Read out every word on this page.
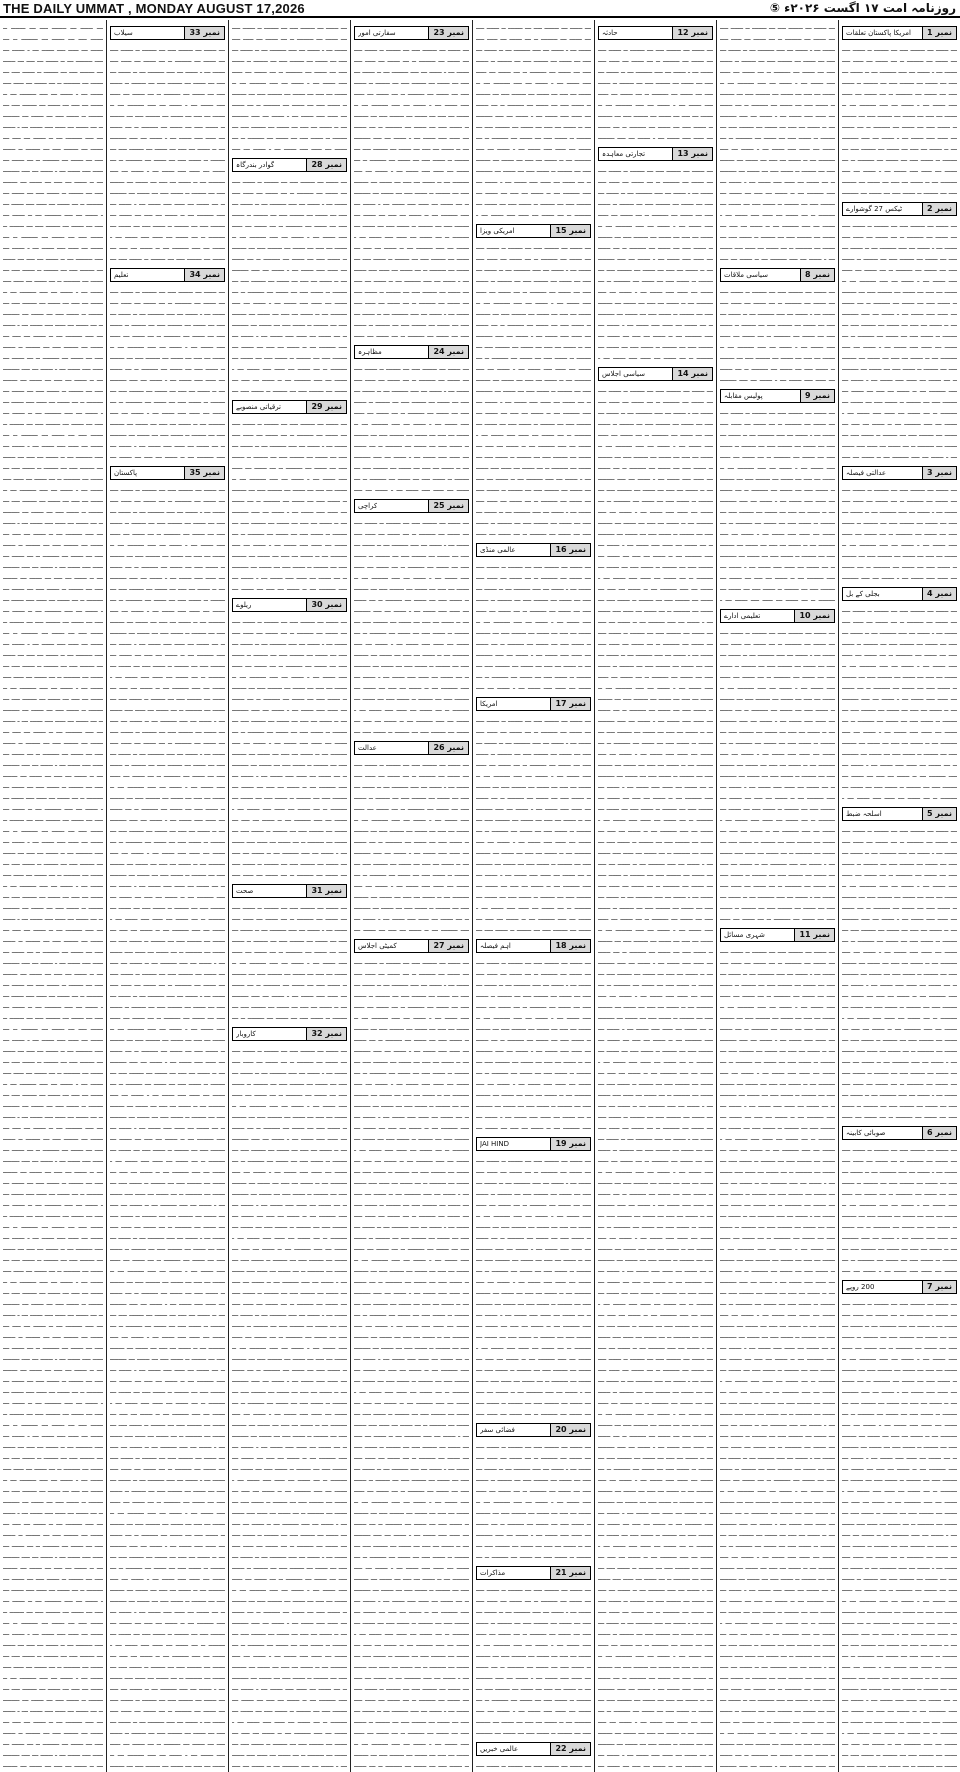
THE DAILY UMMAT , MONDAY AUGUST 17,2026	روزنامہ امت ۱۷ اگست ۲۰۲۶ء ⑤
نمبر 1
امریکا پاکستان تعلقات
ـــ ــــــ ـــ ـــــــ ــــ ـــ ـــــــ ــ ــــــ ــــ ـــ ــــــ ـــ ــــــــ ــ ـــ ــــــ ـــ ـــــ ــــ ــــــ ـــ ـ ــــــ ـــ ــــ ــــــــ ـــ ــ ــــــ ـــ ــــ ـــ ــــــ ـــ ـــــــ ــــ ـــ ـــــــ ــ ــــــ ــــ ـــ ــــــ ـــ ــــــــ ــ ـــ ــــــ ـــ ـــــ ــــ ــــــ ـــ ـ ــــــ ـــ ــــ ــــــــ ـــ ــ ــــــ ـــ ــــ ـــ ــــــ ـــ ـــــــ ــــ ـــ ـــــــ ــ ــــــ ــــ ـــ ــــــ ـــ ــــــــ ــ ـــ ــــــ ـــ ـــــ ــــ ــــــ ـــ ـ ــــــ ـــ ــــ ــــــــ ـــ ــ ــــــ ـــ ــــ ـــ ــــــ ـــ ـــــــ ــــ ـــ ـــــــ ــ ــــــ ــــ ـــ ــــــ ـــ ــــــــ ــ ـــ ــــــ ـــ ـــــ ــــ ــــــ ـــ ـ ــــــ ـــ ــــ ــــــــ ـــ ــ ــــــ ـــ ــــ ـــ ــــــ ـــ ـــــــ ــــ ـــ ـــــــ ــ ــــــ ــــ ـــ ــــــ ـــ ــــــــ
نمبر 2
ٹیکس 27 گوشوارے
ـــ ــــــ ـــ ـــــــ ــــ ـــ ـــــــ ــ ــــــ ــــ ـــ ــــــ ـــ ــــــــ ــ ـــ ــــــ ـــ ـــــ ــــ ــــــ ـــ ـ ــــــ ـــ ــــ ــــــــ ـــ ــ ــــــ ـــ ــــ ـــ ــــــ ـــ ـــــــ ــــ ـــ ـــــــ ــ ــــــ ــــ ـــ ــــــ ـــ ــــــــ ــ ـــ ــــــ ـــ ـــــ ــــ ــــــ ـــ ـ ــــــ ـــ ــــ ــــــــ ـــ ــ ــــــ ـــ ــــ ـــ ــــــ ـــ ـــــــ ــــ ـــ ـــــــ ــ ــــــ ــــ ـــ ــــــ ـــ ــــــــ ــ ـــ ــــــ ـــ ـــــ ــــ ــــــ ـــ ـ ــــــ ـــ ــــ ــــــــ ـــ ــ ــــــ ـــ ــــ ـــ ــــــ ـــ ـــــــ ــــ ـــ ـــــــ ــ ــــــ ــــ ـــ ــــــ ـــ ــــــــ ــ ـــ ــــــ ـــ ـــــ ــــ ــــــ ـــ ـ ــــــ ـــ ــــ ــــــــ ـــ ــ ــــــ ـــ ــــ ـــ ــــــ ـــ ـــــــ ــــ ـــ ـــــــ ــ ــــــ ــــ ـــ ــــــ ـــ ــــــــ ــ ـــ ــــــ ـــ ـــــ ــــ ــــــ ـــ ـ ــــــ ـــ ــــ ــــــــ ـــ ــ ــــــ ـــ ــــ ـــ ــــــ ـــ ـــــــ ــــ ـــ ـــــــ ــ ــــــ ــــ ـــ ــــــ ـــ ــــــــ ــ ـــ ــــــ ـــ ـــــ ــــ ــــــ ـــ ـ ــــــ ـــ ــــ ــــــــ ـــ ــ ــــــ ـــ ــــ ـــ ــــــ ـــ ـــــــ ــــ ـــ ـــــــ ــ ــــــ ــــ ـــ ــــــ ـــ ــــــــ ــ ـــ ــــــ ـــ ـــــ ــــ ــــــ ـــ ـ ــــــ ـــ ــــ ــــــــ ـــ ــ ــــــ ـــ ــــ
نمبر 3
عدالتی فیصلہ
ـــ ــــــ ـــ ـــــــ ــــ ـــ ـــــــ ــ ــــــ ــــ ـــ ــــــ ـــ ــــــــ ــ ـــ ــــــ ـــ ـــــ ــــ ــــــ ـــ ـ ــــــ ـــ ــــ ــــــــ ـــ ــ ــــــ ـــ ــــ ـــ ــــــ ـــ ـــــــ ــــ ـــ ـــــــ ــ ــــــ ــــ ـــ ــــــ ـــ ــــــــ ــ ـــ ــــــ ـــ ـــــ ــــ ــــــ ـــ ـ ــــــ ـــ ــــ ــــــــ ـــ ــ ــــــ ـــ ــــ ـــ ــــــ ـــ ـــــــ ــــ ـــ ـــــــ ــ ــــــ ــــ ـــ ــــــ ـــ ــــــــ ــ ـــ ــــــ ـــ ـــــ ــــ ــــــ ـــ ـ ــــــ ـــ ــــ ــــــــ
نمبر 4
بجلی کے بل
ـــ ــــــ ـــ ـــــــ ــــ ـــ ـــــــ ــ ــــــ ــــ ـــ ــــــ ـــ ــــــــ ــ ـــ ــــــ ـــ ـــــ ــــ ــــــ ـــ ـ ــــــ ـــ ــــ ــــــــ ـــ ــ ــــــ ـــ ــــ ـــ ــــــ ـــ ـــــــ ــــ ـــ ـــــــ ــ ــــــ ــــ ـــ ــــــ ـــ ــــــــ ــ ـــ ــــــ ـــ ـــــ ــــ ــــــ ـــ ـ ــــــ ـــ ــــ ــــــــ ـــ ــ ــــــ ـــ ــــ ـــ ــــــ ـــ ـــــــ ــــ ـــ ـــــــ ــ ــــــ ــــ ـــ ــــــ ـــ ــــــــ ــ ـــ ــــــ ـــ ـــــ ــــ ــــــ ـــ ـ ــــــ ـــ ــــ ــــــــ ـــ ــ ــــــ ـــ ــــ ـــ ــــــ ـــ ـــــــ ــــ ـــ ـــــــ ــ ــــــ ــــ ـــ ــــــ ـــ ــــــــ ــ ـــ ــــــ ـــ ـــــ ــــ ــــــ ـــ ـ ــــــ ـــ ــــ ــــــــ ـــ ــ ــــــ ـــ ــــ ـــ ــــــ ـــ ـــــــ ــــ ـــ ـــــــ ــ ــــــ ــــ ـــ ــــــ ـــ ــــــــ ــ ـــ ــــــ ـــ ـــــ ــــ ــــــ ـــ ـ ــــــ ـــ ــــ ــــــــ ـــ ــ ــــــ ـــ ــــ ـــ ــــــ ـــ ـــــــ ــــ ـــ ـــــــ ــ ــــــ ــــ ـــ ــــــ ـــ ــــــــ ــ ـــ ــــــ ـــ ـــــ ــــ ــــــ ـــ ـ
نمبر 5
اسلحہ ضبط
ـــ ــــــ ـــ ـــــــ ــــ ـــ ـــــــ ــ ــــــ ــــ ـــ ــــــ ـــ ــــــــ ــ ـــ ــــــ ـــ ـــــ ــــ ــــــ ـــ ـ ــــــ ـــ ــــ ــــــــ ـــ ــ ــــــ ـــ ــــ ـــ ــــــ ـــ ـــــــ ــــ ـــ ـــــــ ــ ــــــ ــــ ـــ ــــــ ـــ ــــــــ ــ ـــ ــــــ ـــ ـــــ ــــ ــــــ ـــ ـ ــــــ ـــ ــــ ــــــــ ـــ ــ ــــــ ـــ ــــ ـــ ــــــ ـــ ـــــــ ــــ ـــ ـــــــ ــ ــــــ ــــ ـــ ــــــ ـــ ــــــــ ــ ـــ ــــــ ـــ ـــــ ــــ ــــــ ـــ ـ ــــــ ـــ ــــ ــــــــ ـــ ــ ــــــ ـــ ــــ ـــ ــــــ ـــ ـــــــ ــــ ـــ ـــــــ ــ ــــــ ــــ ـــ ــــــ ـــ ــــــــ ــ ـــ ــــــ ـــ ـــــ ــــ ــــــ ـــ ـ ــــــ ـــ ــــ ــــــــ ـــ ــ ــــــ ـــ ــــ ـــ ــــــ ـــ ـــــــ ــــ ـــ ـــــــ ــ ــــــ ــــ ـــ ــــــ ـــ ــــــــ ــ ـــ ــــــ ـــ ـــــ ــــ ــــــ ـــ ـ ــــــ ـــ ــــ ــــــــ ـــ ــ ــــــ ـــ ــــ ـــ ــــــ ـــ ـــــــ ــــ ـــ ـــــــ ــ ــــــ ــــ ـــ ــــــ ـــ ــــــــ ــ ـــ ــــــ ـــ ـــــ ــــ ــــــ ـــ ـ ــــــ ـــ ــــ ــــــــ ـــ ــ ــــــ ـــ ــــ ـــ ــــــ ـــ ـــــــ ــــ ـــ ـــــــ ــ ــــــ ــــ ـــ ــــــ ـــ ــــــــ ــ ـــ ــــــ ـــ ـــــ ــــ ــــــ ـــ ـ ــــــ ـــ ــــ ــــــــ ـــ ــ ــــــ ـــ ــــ ـــ ــــــ ـــ ـــــــ ــــ ـــ ـــــــ ــ ــــــ ــــ ـــ ــــــ ـــ ــــــــ ــ ـــ ــــــ ـــ ـــــ ــــ ــــــ ـــ ـ ــــــ ـــ ــــ ــــــــ ـــ ــ ــــــ ـــ ــــ ـــ ــــــ ـــ ـــــــ ــــ ـــ ـــــــ ــ ــــــ ــــ ـــ ــــــ ـــ ــــــــ ــ ـــ ــــــ ـــ ـــــ
نمبر 6
صوبائی کابینہ
ـــ ــــــ ـــ ـــــــ ــــ ـــ ـــــــ ــ ــــــ ــــ ـــ ــــــ ـــ ــــــــ ــ ـــ ــــــ ـــ ـــــ ــــ ــــــ ـــ ـ ــــــ ـــ ــــ ــــــــ ـــ ــ ــــــ ـــ ــــ ـــ ــــــ ـــ ـــــــ ــــ ـــ ـــــــ ــ ــــــ ــــ ـــ ــــــ ـــ ــــــــ ــ ـــ ــــــ ـــ ـــــ ــــ ــــــ ـــ ـ ــــــ ـــ ــــ ــــــــ ـــ ــ ــــــ ـــ ــــ ـــ ــــــ ـــ ـــــــ ــــ ـــ ـــــــ ــ ــــــ ــــ ـــ ــــــ ـــ ــــــــ ــ ـــ ــــــ ـــ ـــــ ــــ ــــــ ـــ ـ ــــــ ـــ ــــ ــــــــ ـــ ــ ــــــ ـــ ــــ ـــ ــــــ ـــ ـــــــ ــــ ـــ ـــــــ ــ ــــــ ــــ ـــ ــــــ ـــ ــــــــ ــ ـــ ــــــ ـــ ـــــ ــــ ــــــ ـــ ـ ــــــ ـــ ــــ
نمبر 7
200 روپے
ـــ ــــــ ـــ ـــــــ ــــ ـــ ـــــــ ــ ــــــ ــــ ـــ ــــــ ـــ ــــــــ ــ ـــ ــــــ ـــ ـــــ ــــ ــــــ ـــ ـ ــــــ ـــ ــــ ــــــــ ـــ ــ ــــــ ـــ ــــ ـــ ــــــ ـــ ـــــــ ــــ ـــ ـــــــ ــ ــــــ ــــ ـــ ــــــ ـــ ــــــــ ــ ـــ ــــــ ـــ ـــــ ــــ ــــــ ـــ ـ ــــــ ـــ ــــ ــــــــ ـــ ــ ــــــ ـــ ــــ ـــ ــــــ ـــ ـــــــ ــــ ـــ ـــــــ ــ ــــــ ــــ ـــ ــــــ ـــ ــــــــ ــ ـــ ــــــ ـــ ـــــ ــــ ــــــ ـــ ـ ــــــ ـــ ــــ ــــــــ ـــ ــ ــــــ ـــ ــــ ـــ ــــــ ـــ ـــــــ ــــ ـــ ـــــــ ــ ــــــ ــــ ـــ ــــــ ـــ ــــــــ ــ ـــ ــــــ ـــ ـــــ ــــ ــــــ ـــ ـ ــــــ ـــ ــــ ــــــــ ـــ ــ ــــــ ـــ ــــ ـــ ــــــ ـــ ـــــــ ــــ ـــ ـــــــ ــ ــــــ ــــ ـــ ــــــ ـــ ــــــــ ــ ـــ ــــــ ـــ ـــــ ــــ ــــــ ـــ ـ ــــــ ـــ ــــ ــــــــ ـــ ــ ــــــ ـــ ــــ ـــ ــــــ ـــ ـــــــ ــــ ـــ ـــــــ ــ ــــــ ــــ ـــ ــــــ ـــ ــــــــ ــ ـــ ــــــ ـــ ـــــ ــــ ــــــ ـــ ـ ــــــ ـــ ــــ ــــــــ ـــ ــ ــــــ ـــ ــــ ـــ ــــــ ـــ ـــــــ ــــ ـــ ـــــــ ــ ــــــ ــــ ـــ ــــــ ـــ ــــــــ ــ ـــ ــــــ ـــ ـــــ ــــ ــــــ ـــ ـ ــــــ ـــ ــــ ــــــــ ـــ ــ ــــــ ـــ ــــ ـــ ــــــ ـــ ـــــــ ــــ ـــ ـــــــ ــ ــــــ ــــ ـــ ــــــ ـــ ــــــــ ــ ـــ ــــــ ـــ ـــــ ــــ ــــــ ـــ ـ ــــــ ـــ ــــ ــــــــ ـــ ــ ــــــ ـــ ــــ ـــ ــــــ ـــ ـــــــ ــــ ـــ ـــــــ ــ ــــــ ــــ ـــ ــــــ ـــ ــــــــ ــ ـــ ــــــ ـــ ـــــ ــــ ــــــ ـــ ـ ــــــ ـــ ــــ ــــــــ ـــ ــ ــــــ ـــ ــــ ـــ ــــــ ـــ ـــــــ ــــ ـــ ـــــــ ــ ــــــ ــــ ـــ ــــــ ـــ ــــــــ ــ ـــ ــــــ ـــ ـــــ ــــ ــــــ ـــ ـ ــــــ ـــ ــــ ــــــــ ـــ ــ ــــــ ـــ ــــ ـــ ــــــ ـــ ـــــــ ــــ ـــ ـــــــ ــ ــــــ ــــ ـــ ــــــ ـــ ــــــــ ــ ـــ ــــــ ـــ ـــــ ــــ ــــــ ـــ ـ ــــــ ـــ ــــ ــــــــ ـــ ــ ــــــ ـــ ــــ ـــ ــــــ ـــ ـــــــ ــــ ـــ ـــــــ ــ ــــــ ــــ ـــ ــــــ ـــ ــــــــ ــ ـــ ــــــ ـــ ـــــ ــــ ــــــ ـــ ـ ــــــ ـــ ــــ ــــــــ ـــ ــ ــــــ ـــ ــــ ـــ ــــــ ـــ ـــــــ ــــ ـــ ـــــــ ــ ــــــ ــــ ـــ ــــــ ـــ ــــــــ ــ ـــ ــــــ ـــ ـــــ ــــ ــــــ ـــ ـ ــــــ ـــ ــــ ــــــــ ـــ ــ ــــــ ـــ ــــ ـــ ــــــ ـــ ـــــــ ــــ ـــ ـــــــ ــ ــــــ ــــ ـــ ــــــ ـــ ــــــــ ــ ـــ ــــــ ـــ ـــــ ــــ ــــــ
ـــ ــــــ ـــ ـــــــ ــــ ـــ ـــــــ ــ ــــــ ــــ ـــ ــــــ ـــ ــــــــ ــ ـــ ــــــ ـــ ـــــ ــــ ــــــ ـــ ـ ــــــ ـــ ــــ ــــــــ ـــ ــ ــــــ ـــ ــــ ـــ ــــــ ـــ ـــــــ ــــ ـــ ـــــــ ــ ــــــ ــــ ـــ ــــــ ـــ ــــــــ ــ ـــ ــــــ ـــ ـــــ ــــ ــــــ ـــ ـ ــــــ ـــ ــــ ــــــــ ـــ ــ ــــــ ـــ ــــ ـــ ــــــ ـــ ـــــــ ــــ ـــ ـــــــ ــ ــــــ ــــ ـــ ــــــ ـــ ــــــــ ــ ـــ ــــــ ـــ ـــــ ــــ ــــــ ـــ ـ ــــــ ـــ ــــ ــــــــ ـــ ــ ــــــ ـــ ــــ ـــ ــــــ ـــ ـــــــ ــــ ـــ ـــــــ ــ ــــــ ــــ ـــ ــــــ ـــ ــــــــ ــ ـــ ــــــ ـــ ـــــ ــــ ــــــ ـــ ـ ــــــ ـــ ــــ ــــــــ ـــ ــ ــــــ ـــ ــــ ـــ ــــــ ـــ ـــــــ ــــ ـــ ـــــــ ــ ــــــ ــــ ـــ ــــــ ـــ ــــــــ ــ ـــ ــــــ ـــ ـــــ ــــ ــــــ ـــ ـ ــــــ ـــ ــــ ــــــــ ـــ ــ ــــــ ـــ ــــ ـــ ــــــ ـــ ـــــــ ــــ ـــ ـــــــ ــ ــــــ ــــ ـــ ــــــ ـــ ــــــــ ــ ـــ ــــــ ـــ ـــــ ــــ ــــــ ـــ ـ ــــــ ـــ ــــ ــــــــ ـــ ــ ــــــ ـــ ــــ ـــ ــــــ ـــ ـــــــ ــــ ـــ ـــــــ ــ ــــــ ــــ ـــ ــــــ ـــ ــــــــ ــ ـــ ــــــ ـــ ـــــ ــــ ــــــ ـــ ـ ــــــ ـــ ــــ ــــــــ ـــ ــ ــــــ ـــ ــــ
نمبر 8
سیاسی ملاقات
ـــ ــــــ ـــ ـــــــ ــــ ـــ ـــــــ ــ ــــــ ــــ ـــ ــــــ ـــ ــــــــ ــ ـــ ــــــ ـــ ـــــ ــــ ــــــ ـــ ـ ــــــ ـــ ــــ ــــــــ ـــ ــ ــــــ ـــ ــــ ـــ ــــــ ـــ ـــــــ ــــ ـــ ـــــــ ــ ــــــ ــــ ـــ ــــــ ـــ ــــــــ ــ ـــ ــــــ ـــ ـــــ ــــ ــــــ ـــ ـ ــــــ ـــ ــــ ــــــــ ـــ ــ ــــــ ـــ ــــ ـــ ــــــ ـــ ـــــــ ــــ ـــ ـــــــ ــ ــــــ ــــ ـــ ــــــ ـــ ــــــــ ــ ـــ ــــــ ـــ ـــــ ــــ ــــــ ـــ ـ ــــــ ـــ ــــ ــــــــ
نمبر 9
پولیس مقابلہ
ـــ ــــــ ـــ ـــــــ ــــ ـــ ـــــــ ــ ــــــ ــــ ـــ ــــــ ـــ ــــــــ ــ ـــ ــــــ ـــ ـــــ ــــ ــــــ ـــ ـ ــــــ ـــ ــــ ــــــــ ـــ ــ ــــــ ـــ ــــ ـــ ــــــ ـــ ـــــــ ــــ ـــ ـــــــ ــ ــــــ ــــ ـــ ــــــ ـــ ــــــــ ــ ـــ ــــــ ـــ ـــــ ــــ ــــــ ـــ ـ ــــــ ـــ ــــ ــــــــ ـــ ــ ــــــ ـــ ــــ ـــ ــــــ ـــ ـــــــ ــــ ـــ ـــــــ ــ ــــــ ــــ ـــ ــــــ ـــ ــــــــ ــ ـــ ــــــ ـــ ـــــ ــــ ــــــ ـــ ـ ــــــ ـــ ــــ ــــــــ ـــ ــ ــــــ ـــ ــــ ـــ ــــــ ـــ ـــــــ ــــ ـــ ـــــــ ــ ــــــ ــــ ـــ ــــــ ـــ ــــــــ ــ ـــ ــــــ ـــ ـــــ ــــ ــــــ ـــ ـ ــــــ ـــ ــــ ــــــــ ـــ ــ ــــــ ـــ ــــ ـــ ــــــ ـــ ـــــــ ــــ ـــ ـــــــ ــ ــــــ ــــ ـــ ــــــ ـــ ــــــــ ــ ـــ ــــــ ـــ ـــــ ــــ ــــــ ـــ ـ ــــــ ـــ ــــ ــــــــ ـــ ــ ــــــ ـــ ــــ ـــ ــــــ ـــ ـــــــ ــــ ـــ ـــــــ ــ ــــــ ــــ ـــ ــــــ ـــ ــــــــ ــ ـــ ــــــ ـــ ـــــ ــــ ــــــ ـــ ـ
نمبر 10
تعلیمی ادارے
ـــ ــــــ ـــ ـــــــ ــــ ـــ ـــــــ ــ ــــــ ــــ ـــ ــــــ ـــ ــــــــ ــ ـــ ــــــ ـــ ـــــ ــــ ــــــ ـــ ـ ــــــ ـــ ــــ ــــــــ ـــ ــ ــــــ ـــ ــــ ـــ ــــــ ـــ ـــــــ ــــ ـــ ـــــــ ــ ــــــ ــــ ـــ ــــــ ـــ ــــــــ ــ ـــ ــــــ ـــ ـــــ ــــ ــــــ ـــ ـ ــــــ ـــ ــــ ــــــــ ـــ ــ ــــــ ـــ ــــ ـــ ــــــ ـــ ـــــــ ــــ ـــ ـــــــ ــ ــــــ ــــ ـــ ــــــ ـــ ــــــــ ــ ـــ ــــــ ـــ ـــــ ــــ ــــــ ـــ ـ ــــــ ـــ ــــ ــــــــ ـــ ــ ــــــ ـــ ــــ ـــ ــــــ ـــ ـــــــ ــــ ـــ ـــــــ ــ ــــــ ــــ ـــ ــــــ ـــ ــــــــ ــ ـــ ــــــ ـــ ـــــ ــــ ــــــ ـــ ـ ــــــ ـــ ــــ ــــــــ ـــ ــ ــــــ ـــ ــــ ـــ ــــــ ـــ ـــــــ ــــ ـــ ـــــــ ــ ــــــ ــــ ـــ ــــــ ـــ ــــــــ ــ ـــ ــــــ ـــ ـــــ ــــ ــــــ ـــ ـ ــــــ ـــ ــــ ــــــــ ـــ ــ ــــــ ـــ ــــ ـــ ــــــ ـــ ـــــــ ــــ ـــ ـــــــ ــ ــــــ ــــ ـــ ــــــ ـــ ــــــــ ــ ـــ ــــــ ـــ ـــــ ــــ ــــــ ـــ ـ ــــــ ـــ ــــ ــــــــ ـــ ــ ــــــ ـــ ــــ ـــ ــــــ ـــ ـــــــ ــــ ـــ ـــــــ ــ ــــــ ــــ ـــ ــــــ ـــ ــــــــ ــ ـــ ــــــ ـــ ـــــ ــــ ــــــ ـــ ـ ــــــ ـــ ــــ ــــــــ ـــ ــ ــــــ ـــ ــــ ـــ ــــــ ـــ ـــــــ ــــ ـــ ـــــــ ــ ــــــ ــــ ـــ ــــــ ـــ ــــــــ ــ ـــ ــــــ ـــ ـــــ ــــ ــــــ ـــ ـ ــــــ ـــ ــــ ــــــــ ـــ ــ ــــــ ـــ ــــ ـــ ــــــ ـــ ـــــــ ــــ ـــ ـــــــ ــ ــــــ ــــ ـــ ــــــ ـــ ــــــــ ــ ـــ ــــــ ـــ ـــــ
نمبر 11
شہری مسائل
ـــ ــــــ ـــ ـــــــ ــــ ـــ ـــــــ ــ ــــــ ــــ ـــ ــــــ ـــ ــــــــ ــ ـــ ــــــ ـــ ـــــ ــــ ــــــ ـــ ـ ــــــ ـــ ــــ ــــــــ ـــ ــ ــــــ ـــ ــــ ـــ ــــــ ـــ ـــــــ ــــ ـــ ـــــــ ــ ــــــ ــــ ـــ ــــــ ـــ ــــــــ ــ ـــ ــــــ ـــ ـــــ ــــ ــــــ ـــ ـ ــــــ ـــ ــــ ــــــــ ـــ ــ ــــــ ـــ ــــ ـــ ــــــ ـــ ـــــــ ــــ ـــ ـــــــ ــ ــــــ ــــ ـــ ــــــ ـــ ــــــــ ــ ـــ ــــــ ـــ ـــــ ــــ ــــــ ـــ ـ ــــــ ـــ ــــ ــــــــ ـــ ــ ــــــ ـــ ــــ ـــ ــــــ ـــ ـــــــ ــــ ـــ ـــــــ ــ ــــــ ــــ ـــ ــــــ ـــ ــــــــ ــ ـــ ــــــ ـــ ـــــ ــــ ــــــ ـــ ـ ــــــ ـــ ــــ ــــــــ ـــ ــ ــــــ ـــ ــــ ـــ ــــــ ـــ ـــــــ ــــ ـــ ـــــــ ــ ــــــ ــــ ـــ ــــــ ـــ ــــــــ ــ ـــ ــــــ ـــ ـــــ ــــ ــــــ ـــ ـ ــــــ ـــ ــــ ــــــــ ـــ ــ ــــــ ـــ ــــ ـــ ــــــ ـــ ـــــــ ــــ ـــ ـــــــ ــ ــــــ ــــ ـــ ــــــ ـــ ــــــــ ــ ـــ ــــــ ـــ ـــــ ــــ ــــــ ـــ ـ ــــــ ـــ ــــ ــــــــ ـــ ــ ــــــ ـــ ــــ ـــ ــــــ ـــ ـــــــ ــــ ـــ ـــــــ ــ ــــــ ــــ ـــ ــــــ ـــ ــــــــ ــ ـــ ــــــ ـــ ـــــ ــــ ــــــ ـــ ـ ــــــ ـــ ــــ ــــــــ ـــ ــ ــــــ ـــ ــــ ـــ ــــــ ـــ ـــــــ ــــ ـــ ـــــــ ــ ــــــ ــــ ـــ ــــــ ـــ ــــــــ ــ ـــ ــــــ ـــ ـــــ ــــ ــــــ ـــ ـ ــــــ ـــ ــــ ــــــــ ـــ ــ ــــــ ـــ ــــ ـــ ــــــ ـــ ـــــــ ــــ ـــ ـــــــ ــ ــــــ ــــ ـــ ــــــ ـــ ــــــــ ــ ـــ ــــــ ـــ ـــــ ــــ ــــــ ـــ ـ ــــــ ـــ ــــ ــــــــ ـــ ــ ــــــ ـــ ــــ ـــ ــــــ ـــ ـــــــ ــــ ـــ ـــــــ ــ ــــــ ــــ ـــ ــــــ ـــ ــــــــ ــ ـــ ــــــ ـــ ـــــ ــــ ــــــ ـــ ـ ــــــ ـــ ــــ ــــــــ ـــ ــ ــــــ ـــ ــــ ـــ ــــــ ـــ ـــــــ ــــ ـــ ـــــــ ــ ــــــ ــــ ـــ ــــــ ـــ ــــــــ ــ ـــ ــــــ ـــ ـــــ ــــ ــــــ ـــ ـ ــــــ ـــ ــــ ــــــــ ـــ ــ ــــــ ـــ ــــ ـــ ــــــ ـــ ـــــــ ــــ ـــ ـــــــ ــ ــــــ ــــ ـــ ــــــ ـــ ــــــــ ــ ـــ ــــــ ـــ ـــــ ــــ ــــــ ـــ ـ ــــــ ـــ ــــ ــــــــ ـــ ــ ــــــ ـــ ــــ ـــ ــــــ ـــ ـــــــ ــــ ـــ ـــــــ ــ ــــــ ــــ ـــ ــــــ ـــ ــــــــ ــ ـــ ــــــ ـــ ـــــ ــــ ــــــ ـــ ـ ــــــ ـــ ــــ ــــــــ ـــ ــ ــــــ ـــ ــــ ـــ ــــــ ـــ ـــــــ ــــ ـــ ـــــــ ــ ــــــ ــــ ـــ ــــــ ـــ ــــــــ ــ ـــ ــــــ ـــ ـــــ ــــ ــــــ ـــ ـ ــــــ ـــ ــــ ــــــــ ـــ ــ ــــــ ـــ ــــ ـــ ــــــ ـــ ـــــــ ــــ ـــ ـــــــ ــ ــــــ ــــ ـــ ــــــ ـــ ــــــــ ــ ـــ ــــــ ـــ ـــــ ــــ ــــــ ـــ ـ ــــــ ـــ ــــ ــــــــ ـــ ــ ــــــ ـــ ــــ ـــ ــــــ ـــ ـــــــ ــــ ـــ ـــــــ ــ ــــــ ــــ ـــ ــــــ ـــ ــــــــ ــ ـــ ــــــ ـــ ـــــ ــــ ــــــ ـــ ـ ــــــ ـــ ــــ ــــــــ ـــ ــ ــــــ ـــ ــــ ـــ ــــــ ـــ ـــــــ ــــ ـــ ـــــــ ــ ــــــ ــــ ـــ ــــــ ـــ ــــــــ ــ ـــ ــــــ ـــ ـــــ ــــ ــــــ ـــ ـ ــــــ ـــ ــــ ــــــــ ـــ ــ ــــــ ـــ ــــ ـــ ــــــ ـــ ـــــــ ــــ ـــ ـــــــ ــ ــــــ ــــ ـــ ــــــ ـــ ــــــــ ــ ـــ ــــــ ـــ ـــــ ــــ ــــــ ـــ ـ ــــــ ـــ ــــ ــــــــ ـــ ــ ــــــ ـــ ــــ ـــ ــــــ ـــ ـــــــ ــــ ـــ ـــــــ ــ ــــــ ــــ ـــ ــــــ ـــ ــــــــ ــ ـــ ــــــ ـــ ـــــ ــــ ــــــ ـــ ـ ــــــ ـــ ــــ ــــــــ ـــ ــ ــــــ ـــ ــــ ـــ ــــــ ـــ ـــــــ ــــ ـــ ـــــــ ــ ــــــ ــــ ـــ ــــــ ـــ ــــــــ ــ ـــ ــــــ ـــ ـــــ ــــ ــــــ ـــ ـ ــــــ ـــ ــــ ــــــــ ـــ ــ ــــــ ـــ ــــ ـــ ــــــ ـــ ـــــــ ــــ ـــ ـــــــ ــ ــــــ ــــ ـــ ــــــ ـــ ــــــــ ــ ـــ ــــــ ـــ ـــــ ــــ ــــــ ـــ ـ ــــــ ـــ ــــ ــــــــ ـــ ــ ــــــ ـــ ــــ ـــ ــــــ ـــ ـــــــ ــــ ـــ ـــــــ ــ ــــــ ــــ ـــ ــــــ ـــ ــــــــ ــ ـــ ــــــ ـــ ـــــ ــــ ــــــ ـــ ـ ــــــ ـــ ــــ ــــــــ ـــ ــ ــــــ ـــ ــــ ـــ ــــــ ـــ ـــــــ ــــ ـــ ـــــــ ــ ــــــ ــــ ـــ ــــــ ـــ ــــــــ ــ ـــ ــــــ ـــ ـــــ ــــ ــــــ ـــ ـ ــــــ ـــ ــــ ــــــــ ـــ ــ ــــــ ـــ ــــ ـــ ــــــ ـــ ـــــــ ــــ ـــ ـــــــ ــ ــــــ ــــ ـــ ــــــ ـــ ــــــــ ــ ـــ ــــــ ـــ ـــــ ــــ ــــــ ـــ ـ ــــــ ـــ ــــ ــــــــ
نمبر 12
حادثہ
ـــ ــــــ ـــ ـــــــ ــــ ـــ ـــــــ ــ ــــــ ــــ ـــ ــــــ ـــ ــــــــ ــ ـــ ــــــ ـــ ـــــ ــــ ــــــ ـــ ـ ــــــ ـــ ــــ ــــــــ ـــ ــ ــــــ ـــ ــــ ـــ ــــــ ـــ ـــــــ ــــ ـــ ـــــــ ــ ــــــ ــــ ـــ ــــــ ـــ ــــــــ ــ ـــ ــــــ ـــ ـــــ ــــ ــــــ ـــ ـ ــــــ ـــ ــــ ــــــــ ـــ ــ ــــــ ـــ ــــ ـــ ــــــ ـــ ـــــــ ــــ ـــ ـــــــ ــ ــــــ ــــ ـــ ــــــ ـــ ــــــــ ــ ـــ ــــــ ـــ ـــــ ــــ ــــــ ـــ ـ ــــــ ـــ ــــ ــــــــ
نمبر 13
تجارتی معاہدہ
ـــ ــــــ ـــ ـــــــ ــــ ـــ ـــــــ ــ ــــــ ــــ ـــ ــــــ ـــ ــــــــ ــ ـــ ــــــ ـــ ـــــ ــــ ــــــ ـــ ـ ــــــ ـــ ــــ ــــــــ ـــ ــ ــــــ ـــ ــــ ـــ ــــــ ـــ ـــــــ ــــ ـــ ـــــــ ــ ــــــ ــــ ـــ ــــــ ـــ ــــــــ ــ ـــ ــــــ ـــ ـــــ ــــ ــــــ ـــ ـ ــــــ ـــ ــــ ــــــــ ـــ ــ ــــــ ـــ ــــ ـــ ــــــ ـــ ـــــــ ــــ ـــ ـــــــ ــ ــــــ ــــ ـــ ــــــ ـــ ــــــــ ــ ـــ ــــــ ـــ ـــــ ــــ ــــــ ـــ ـ ــــــ ـــ ــــ ــــــــ ـــ ــ ــــــ ـــ ــــ ـــ ــــــ ـــ ـــــــ ــــ ـــ ـــــــ ــ ــــــ ــــ ـــ ــــــ ـــ ــــــــ ــ ـــ ــــــ ـــ ـــــ ــــ ــــــ ـــ ـ ــــــ ـــ ــــ ــــــــ ـــ ــ ــــــ ـــ ــــ ـــ ــــــ ـــ ـــــــ ــــ ـــ ـــــــ ــ ــــــ ــــ ـــ ــــــ ـــ ــــــــ ــ ـــ ــــــ ـــ ـــــ ــــ ــــــ ـــ ـ ــــــ ـــ ــــ ــــــــ ـــ ــ ــــــ ـــ ــــ ـــ ــــــ ـــ ـــــــ ــــ ـــ ـــــــ ــ ــــــ ــــ ـــ ــــــ ـــ ــــــــ ــ ـــ ــــــ ـــ ـــــ ــــ ــــــ ـــ ـ
نمبر 14
سیاسی اجلاس
ـــ ــــــ ـــ ـــــــ ــــ ـــ ـــــــ ــ ــــــ ــــ ـــ ــــــ ـــ ــــــــ ــ ـــ ــــــ ـــ ـــــ ــــ ــــــ ـــ ـ ــــــ ـــ ــــ ــــــــ ـــ ــ ــــــ ـــ ــــ ـــ ــــــ ـــ ـــــــ ــــ ـــ ـــــــ ــ ــــــ ــــ ـــ ــــــ ـــ ــــــــ ــ ـــ ــــــ ـــ ـــــ ــــ ــــــ ـــ ـ ــــــ ـــ ــــ ــــــــ ـــ ــ ــــــ ـــ ــــ ـــ ــــــ ـــ ـــــــ ــــ ـــ ـــــــ ــ ــــــ ــــ ـــ ــــــ ـــ ــــــــ ــ ـــ ــــــ ـــ ـــــ ــــ ــــــ ـــ ـ ــــــ ـــ ــــ ــــــــ ـــ ــ ــــــ ـــ ــــ ـــ ــــــ ـــ ـــــــ ــــ ـــ ـــــــ ــ ــــــ ــــ ـــ ــــــ ـــ ــــــــ ــ ـــ ــــــ ـــ ـــــ ــــ ــــــ ـــ ـ ــــــ ـــ ــــ ــــــــ ـــ ــ ــــــ ـــ ــــ ـــ ــــــ ـــ ـــــــ ــــ ـــ ـــــــ ــ ــــــ ــــ ـــ ــــــ ـــ ــــــــ ــ ـــ ــــــ ـــ ـــــ ــــ ــــــ ـــ ـ ــــــ ـــ ــــ ــــــــ ـــ ــ ــــــ ـــ ــــ ـــ ــــــ ـــ ـــــــ ــــ ـــ ـــــــ ــ ــــــ ــــ ـــ ــــــ ـــ ــــــــ ــ ـــ ــــــ ـــ ـــــ ــــ ــــــ ـــ ـ ــــــ ـــ ــــ ــــــــ ـــ ــ ــــــ ـــ ــــ ـــ ــــــ ـــ ـــــــ ــــ ـــ ـــــــ ــ ــــــ ــــ ـــ ــــــ ـــ ــــــــ ــ ـــ ــــــ ـــ ـــــ ــــ ــــــ ـــ ـ ــــــ ـــ ــــ ــــــــ ـــ ــ ــــــ ـــ ــــ ـــ ــــــ ـــ ـــــــ ــــ ـــ ـــــــ ــ ــــــ ــــ ـــ ــــــ ـــ ــــــــ ــ ـــ ــــــ ـــ ـــــ ــــ ــــــ ـــ ـ ــــــ ـــ ــــ ــــــــ ـــ ــ ــــــ ـــ ــــ ـــ ــــــ ـــ ـــــــ ــــ ـــ ـــــــ ــ ــــــ ــــ ـــ ــــــ ـــ ــــــــ ــ ـــ ــــــ ـــ ـــــ ــــ ــــــ ـــ ـ ــــــ ـــ ــــ ــــــــ ـــ ــ ــــــ ـــ ــــ ـــ ــــــ ـــ ـــــــ ــــ ـــ ـــــــ ــ ــــــ ــــ ـــ ــــــ ـــ ــــــــ ــ ـــ ــــــ ـــ ـــــ ــــ ــــــ ـــ ـ ــــــ ـــ ــــ ــــــــ ـــ ــ ــــــ ـــ ــــ ـــ ــــــ ـــ ـــــــ ــــ ـــ ـــــــ ــ ــــــ ــــ ـــ ــــــ ـــ ــــــــ ــ ـــ ــــــ ـــ ـــــ ــــ ــــــ ـــ ـ ــــــ ـــ ــــ ــــــــ ـــ ــ ــــــ ـــ ــــ ـــ ــــــ ـــ ـــــــ ــــ ـــ ـــــــ ــ ــــــ ــــ ـــ ــــــ ـــ ــــــــ ــ ـــ ــــــ ـــ ـــــ ــــ ــــــ ـــ ـ ــــــ ـــ ــــ ــــــــ ـــ ــ ــــــ ـــ ــــ ـــ ــــــ ـــ ـــــــ ــــ ـــ ـــــــ ــ ــــــ ــــ ـــ ــــــ ـــ ــــــــ ــ ـــ ــــــ ـــ ـــــ ــــ ــــــ ـــ ـ ــــــ ـــ ــــ ــــــــ ـــ ــ ــــــ ـــ ــــ ـــ ــــــ ـــ ـــــــ ــــ ـــ ـــــــ ــ ــــــ ــــ ـــ ــــــ ـــ ــــــــ ــ ـــ ــــــ ـــ ـــــ ــــ ــــــ ـــ ـ ــــــ ـــ ــــ ــــــــ ـــ ــ ــــــ ـــ ــــ ـــ ــــــ ـــ ـــــــ ــــ ـــ ـــــــ ــ ــــــ ــــ ـــ ــــــ ـــ ــــــــ ــ ـــ ــــــ ـــ ـــــ ــــ ــــــ ـــ ـ ــــــ ـــ ــــ ــــــــ ـــ ــ ــــــ ـــ ــــ ـــ ــــــ ـــ ـــــــ ــــ ـــ ـــــــ ــ ــــــ ــــ ـــ ــــــ ـــ ــــــــ ــ ـــ ــــــ ـــ ـــــ ــــ ــــــ ـــ ـ ــــــ ـــ ــــ ــــــــ ـــ ــ ــــــ ـــ ــــ ـــ ــــــ ـــ ـــــــ ــــ ـــ ـــــــ ــ ــــــ ــــ ـــ ــــــ ـــ ــــــــ ــ ـــ ــــــ ـــ ـــــ ــــ ــــــ ـــ ـ ــــــ ـــ ــــ ــــــــ ـــ ــ ــــــ ـــ ــــ ـــ ــــــ ـــ ـــــــ ــــ ـــ ـــــــ ــ ــــــ ــــ ـــ ــــــ ـــ ــــــــ ــ ـــ ــــــ ـــ ـــــ ــــ ــــــ ـــ ـ ــــــ ـــ ــــ ــــــــ ـــ ــ ــــــ ـــ ــــ ـــ ــــــ ـــ ـــــــ ــــ ـــ ـــــــ ــ ــــــ ــــ ـــ ــــــ ـــ ــــــــ ــ ـــ ــــــ ـــ ـــــ ــــ ــــــ ـــ ـ ــــــ ـــ ــــ ــــــــ ـــ ــ ــــــ ـــ ــــ ـــ ــــــ ـــ ـــــــ ــــ ـــ ـــــــ ــ ــــــ ــــ ـــ ــــــ ـــ ــــــــ ــ ـــ ــــــ ـــ ـــــ ــــ ــــــ ـــ ـ ــــــ ـــ ــــ ــــــــ ـــ ــ ــــــ ـــ ــــ ـــ ــــــ ـــ ـــــــ ــــ ـــ ـــــــ ــ ــــــ ــــ ـــ ــــــ ـــ ــــــــ ــ ـــ ــــــ ـــ ـــــ ــــ ــــــ ـــ ـ ــــــ ـــ ــــ ــــــــ ـــ ــ ــــــ ـــ ــــ ـــ ــــــ ـــ ـــــــ ــــ ـــ ـــــــ ــ ــــــ ــــ ـــ ــــــ ـــ ــــــــ ــ ـــ ــــــ ـــ ـــــ ــــ ــــــ ـــ ـ ــــــ ـــ ــــ ــــــــ ـــ ــ ــــــ ـــ ــــ ـــ ــــــ ـــ ـــــــ ــــ ـــ ـــــــ ــ ــــــ ــــ ـــ ــــــ ـــ ــــــــ ــ ـــ ــــــ ـــ ـــــ ــــ ــــــ ـــ ـ ــــــ ـــ ــــ ــــــــ ـــ ــ ــــــ ـــ ــــ ـــ ــــــ ـــ ـــــــ ــــ ـــ ـــــــ ــ ــــــ ــــ ـــ ــــــ ـــ ــــــــ ــ ـــ ــــــ ـــ ـــــ ــــ ــــــ ـــ ـ ــــــ ـــ ــــ ــــــــ ـــ ــ ــــــ ـــ ــــ ـــ ــــــ ـــ ـــــــ ــــ ـــ ـــــــ ــ ــــــ ــــ ـــ ــــــ ـــ ــــــــ ــ ـــ ــــــ ـــ ـــــ ــــ ــــــ ـــ ـ ــــــ ـــ ــــ ــــــــ ـــ ــ ــــــ ـــ ــــ ـــ ــــــ ـــ ـــــــ ــــ ـــ ـــــــ ــ ــــــ ــــ ـــ ــــــ ـــ ــــــــ ــ ـــ ــــــ ـــ ـــــ ــــ ــــــ ـــ ـ ــــــ ـــ ــــ ــــــــ ـــ ــ ــــــ ـــ ــــ ـــ ــــــ ـــ ـــــــ ــــ ـــ ـــــــ ــ ــــــ ــــ ـــ ــــــ ـــ ــــــــ ــ ـــ ــــــ ـــ ـــــ ــــ ــــــ ـــ ـ ــــــ ـــ ــــ ــــــــ ـــ ــ ــــــ ـــ ــــ ـــ ــــــ ـــ ـــــــ ــــ ـــ ـــــــ ــ ــــــ ــــ ـــ ــــــ ـــ ــــــــ ــ ـــ ــــــ ـــ ـــــ ــــ ــــــ ـــ ـ ــــــ ـــ ــــ ــــــــ ـــ ــ ــــــ ـــ ــــ ـــ ــــــ ـــ ـــــــ ــــ ـــ ـــــــ ــ ــــــ ــــ ـــ ــــــ ـــ ــــــــ ــ ـــ ــــــ ـــ ـــــ ــــ ــــــ ـــ ـ ــــــ ـــ ــــ ــــــــ ـــ ــ ــــــ ـــ ــــ ـــ ــــــ ـــ ـــــــ ــــ ـــ ـــــــ ــ ــــــ ــــ ـــ ــــــ ـــ ــــــــ ــ ـــ ــــــ ـــ ـــــ ــــ ــــــ ـــ ـ ــــــ ـــ ــــ ــــــــ ـــ ــ ــــــ ـــ ــــ ـــ ــــــ ـــ ـــــــ ــــ ـــ ـــــــ ــ ــــــ ــــ ـــ ــــــ ـــ ــــــــ ــ ـــ ــــــ ـــ ـــــ ــــ ــــــ ـــ ـ ــــــ ـــ ــــ ــــــــ ـــ ــ ــــــ ـــ ــــ ـــ ــــــ ـــ ـــــــ ــــ ـــ ـــــــ ــ ــــــ ــــ ـــ ــــــ ـــ ــــــــ ــ ـــ ــــــ ـــ ـــــ ــــ ــــــ ـــ ـ ــــــ ـــ ــــ ــــــــ ـــ ــ ــــــ ـــ ــــ ـــ ــــــ ـــ ـــــــ ــــ ـــ ـــــــ ــ ــــــ ــــ ـــ ــــــ ـــ ــــــــ ــ ـــ ــــــ ـــ ـــــ ــــ ــــــ ـــ ـ ــــــ ـــ ــــ ــــــــ ـــ ــ ــــــ ـــ ــــ ـــ ــــــ ـــ ـــــــ ــــ ـــ ـــــــ ــ ــــــ ــــ ـــ ــــــ ـــ ــــــــ ــ ـــ ــــــ ـــ ـــــ ــــ ــــــ ـــ ـ ــــــ ـــ ــــ ــــــــ ـــ ــ ــــــ ـــ ــــ ـــ ــــــ ـــ ـــــــ ــــ ـــ ـــــــ ــ ــــــ ــــ ـــ ــــــ ـــ ــــــــ ــ ـــ ــــــ ـــ ـــــ ــــ ــــــ ـــ ـ ــــــ ـــ ــــ ــــــــ ـــ ــ ــــــ ـــ ــــ ـــ ــــــ ـــ ـــــــ ــــ ـــ ـــــــ ــ ــــــ ــــ ـــ ــــــ ـــ ــــــــ ــ ـــ ــــــ ـــ ـــــ ــــ ــــــ ـــ ـ ــــــ ـــ ــــ ــــــــ ـــ ــ ــــــ ـــ ــــ ـــ ــــــ ـــ ـــــــ ــــ ـــ ـــــــ ــ ــــــ ــــ ـــ ــــــ ـــ ــــــــ ــ ـــ ــــــ ـــ ـــــ ــــ ــــــ ـــ ـ ــــــ ـــ ــــ ــــــــ ـــ ــ ــــــ ـــ ــــ ـــ ــــــ ـــ ـــــــ ــــ ـــ ـــــــ ــ ــــــ ــــ ـــ ــــــ ـــ ــــــــ ــ ـــ ــــــ ـــ ـــــ ــــ ــــــ ـــ ـ ــــــ ـــ ــــ ــــــــ ـــ ــ ــــــ ـــ ــــ ـــ ــــــ ـــ ـــــــ ــــ ـــ ـــــــ ــ ــــــ ــــ ـــ ــــــ ـــ ــــــــ ــ ـــ ــــــ ـــ ـــــ ــــ ــــــ ـــ ـ ــــــ ـــ ــــ ــــــــ ـــ ــ ــــــ ـــ ــــ ـــ ــــــ ـــ ـــــــ ــــ ـــ ـــــــ ــ ــــــ ــــ ـــ ــــــ ـــ ــــــــ ــ ـــ ــــــ ـــ ـــــ ــــ ــــــ ـــ ـ ــــــ ـــ ــــ ــــــــ ـــ ــ ــــــ ـــ ــــ ـــ ــــــ ـــ
ـــ ــــــ ـــ ـــــــ ــــ ـــ ـــــــ ــ ــــــ ــــ ـــ ــــــ ـــ ــــــــ ــ ـــ ــــــ ـــ ـــــ ــــ ــــــ ـــ ـ ــــــ ـــ ــــ ــــــــ ـــ ــ ــــــ ـــ ــــ ـــ ــــــ ـــ ـــــــ ــــ ـــ ـــــــ ــ ــــــ ــــ ـــ ــــــ ـــ ــــــــ ــ ـــ ــــــ ـــ ـــــ ــــ ــــــ ـــ ـ ــــــ ـــ ــــ ــــــــ ـــ ــ ــــــ ـــ ــــ ـــ ــــــ ـــ ـــــــ ــــ ـــ ـــــــ ــ ــــــ ــــ ـــ ــــــ ـــ ــــــــ ــ ـــ ــــــ ـــ ـــــ ــــ ــــــ ـــ ـ ــــــ ـــ ــــ ــــــــ ـــ ــ ــــــ ـــ ــــ ـــ ــــــ ـــ ـــــــ ــــ ـــ ـــــــ ــ ــــــ ــــ ـــ ــــــ ـــ ــــــــ ــ ـــ ــــــ ـــ ـــــ ــــ ــــــ ـــ ـ ــــــ ـــ ــــ ــــــــ ـــ ــ ــــــ ـــ ــــ ـــ ــــــ ـــ ـــــــ ــــ ـــ ـــــــ ــ ــــــ ــــ ـــ ــــــ ـــ ــــــــ ــ ـــ ــــــ ـــ ـــــ ــــ ــــــ ـــ ـ ــــــ ـــ ــــ ــــــــ ـــ ــ ــــــ ـــ ــــ ـــ ــــــ ـــ ـــــــ ــــ ـــ ـــــــ ــ ــــــ ــــ ـــ ــــــ ـــ ــــــــ ــ ـــ ــــــ ـــ ـــــ ــــ ــــــ ـــ ـ
نمبر 15
امریکی ویزا
ـــ ــــــ ـــ ـــــــ ــــ ـــ ـــــــ ــ ــــــ ــــ ـــ ــــــ ـــ ــــــــ ــ ـــ ــــــ ـــ ـــــ ــــ ــــــ ـــ ـ ــــــ ـــ ــــ ــــــــ ـــ ــ ــــــ ـــ ــــ ـــ ــــــ ـــ ـــــــ ــــ ـــ ـــــــ ــ ــــــ ــــ ـــ ــــــ ـــ ــــــــ ــ ـــ ــــــ ـــ ـــــ ــــ ــــــ ـــ ـ ــــــ ـــ ــــ ــــــــ ـــ ــ ــــــ ـــ ــــ ـــ ــــــ ـــ ـــــــ ــــ ـــ ـــــــ ــ ــــــ ــــ ـــ ــــــ ـــ ــــــــ ــ ـــ ــــــ ـــ ـــــ ــــ ــــــ ـــ ـ ــــــ ـــ ــــ ــــــــ ـــ ــ ــــــ ـــ ــــ ـــ ــــــ ـــ ـــــــ ــــ ـــ ـــــــ ــ ــــــ ــــ ـــ ــــــ ـــ ــــــــ ــ ـــ ــــــ ـــ ـــــ ــــ ــــــ ـــ ـ ــــــ ـــ ــــ ــــــــ ـــ ــ ــــــ ـــ ــــ ـــ ــــــ ـــ ـــــــ ــــ ـــ ـــــــ ــ ــــــ ــــ ـــ ــــــ ـــ ــــــــ ــ ـــ ــــــ ـــ ـــــ ــــ ــــــ ـــ ـ ــــــ ـــ ــــ ــــــــ ـــ ــ ــــــ ـــ ــــ ـــ ــــــ ـــ ـــــــ ــــ ـــ ـــــــ ــ ــــــ ــــ ـــ ــــــ ـــ ــــــــ ــ ـــ ــــــ ـــ ـــــ ــــ ــــــ ـــ ـ ــــــ ـــ ــــ ــــــــ ـــ ــ ــــــ ـــ ــــ ـــ ــــــ ـــ ـــــــ ــــ ـــ ـــــــ ــ ــــــ ــــ ـــ ــــــ ـــ ــــــــ ــ ـــ ــــــ ـــ ـــــ ــــ ــــــ ـــ ـ ــــــ ـــ ــــ ــــــــ ـــ ــ ــــــ ـــ ــــ ـــ ــــــ ـــ ـــــــ ــــ ـــ ـــــــ ــ ــــــ ــــ ـــ ــــــ ـــ ــــــــ ــ ـــ ــــــ ـــ ـــــ ــــ ــــــ ـــ ـ ــــــ ـــ ــــ ــــــــ ـــ ــ ــــــ ـــ ــــ ـــ ــــــ ـــ ـــــــ ــــ ـــ ـــــــ ــ ــــــ ــــ ـــ ــــــ ـــ ــــــــ ــ ـــ ــــــ ـــ ـــــ
نمبر 16
عالمی منڈی
ـــ ــــــ ـــ ـــــــ ــــ ـــ ـــــــ ــ ــــــ ــــ ـــ ــــــ ـــ ــــــــ ــ ـــ ــــــ ـــ ـــــ ــــ ــــــ ـــ ـ ــــــ ـــ ــــ ــــــــ ـــ ــ ــــــ ـــ ــــ ـــ ــــــ ـــ ـــــــ ــــ ـــ ـــــــ ــ ــــــ ــــ ـــ ــــــ ـــ ــــــــ ــ ـــ ــــــ ـــ ـــــ ــــ ــــــ ـــ ـ ــــــ ـــ ــــ ــــــــ ـــ ــ ــــــ ـــ ــــ ـــ ــــــ ـــ ـــــــ ــــ ـــ ـــــــ ــ ــــــ ــــ ـــ ــــــ ـــ ــــــــ ــ ـــ ــــــ ـــ ـــــ ــــ ــــــ ـــ ـ ــــــ ـــ ــــ ــــــــ ـــ ــ ــــــ ـــ ــــ ـــ ــــــ ـــ ـــــــ ــــ ـــ ـــــــ ــ ــــــ ــــ ـــ ــــــ ـــ ــــــــ ــ ـــ ــــــ ـــ ـــــ ــــ ــــــ ـــ ـ ــــــ ـــ ــــ
نمبر 17
امریکا
ـــ ــــــ ـــ ـــــــ ــــ ـــ ـــــــ ــ ــــــ ــــ ـــ ــــــ ـــ ــــــــ ــ ـــ ــــــ ـــ ـــــ ــــ ــــــ ـــ ـ ــــــ ـــ ــــ ــــــــ ـــ ــ ــــــ ـــ ــــ ـــ ــــــ ـــ ـــــــ ــــ ـــ ـــــــ ــ ــــــ ــــ ـــ ــــــ ـــ ــــــــ ــ ـــ ــــــ ـــ ـــــ ــــ ــــــ ـــ ـ ــــــ ـــ ــــ ــــــــ ـــ ــ ــــــ ـــ ــــ ـــ ــــــ ـــ ـــــــ ــــ ـــ ـــــــ ــ ــــــ ــــ ـــ ــــــ ـــ ــــــــ ــ ـــ ــــــ ـــ ـــــ ــــ ــــــ ـــ ـ ــــــ ـــ ــــ ــــــــ ـــ ــ ــــــ ـــ ــــ ـــ ــــــ ـــ ـــــــ ــــ ـــ ـــــــ ــ ــــــ ــــ ـــ ــــــ ـــ ــــــــ ــ ـــ ــــــ ـــ ـــــ ــــ ــــــ ـــ ـ ــــــ ـــ ــــ ــــــــ ـــ ــ ــــــ ـــ ــــ ـــ ــــــ ـــ ـــــــ ــــ ـــ ـــــــ ــ ــــــ ــــ ـــ ــــــ ـــ ــــــــ ــ ـــ ــــــ ـــ ـــــ ــــ ــــــ ـــ ـ ــــــ ـــ ــــ ــــــــ ـــ ــ ــــــ ـــ ــــ ـــ ــــــ ـــ ـــــــ ــــ ـــ ـــــــ ــ ــــــ ــــ ـــ ــــــ ـــ ــــــــ ــ ـــ ــــــ ـــ ـــــ ــــ ــــــ ـــ ـ ــــــ ـــ ــــ ــــــــ ـــ ــ ــــــ ـــ ــــ ـــ ــــــ ـــ ـــــــ ــــ ـــ ـــــــ ــ ــــــ ــــ ـــ
نمبر 18
اہم فیصلہ
ـــ ــــــ ـــ ـــــــ ــــ ـــ ـــــــ ــ ــــــ ــــ ـــ ــــــ ـــ ــــــــ ــ ـــ ــــــ ـــ ـــــ ــــ ــــــ ـــ ـ ــــــ ـــ ــــ ــــــــ ـــ ــ ــــــ ـــ ــــ ـــ ــــــ ـــ ـــــــ ــــ ـــ ـــــــ ــ ــــــ ــــ ـــ ــــــ ـــ ــــــــ ــ ـــ ــــــ ـــ ـــــ ــــ ــــــ ـــ ـ ــــــ ـــ ــــ ــــــــ ـــ ــ ــــــ ـــ ــــ ـــ ــــــ ـــ ـــــــ ــــ ـــ ـــــــ ــ ــــــ ــــ ـــ ــــــ ـــ ــــــــ ــ ـــ ــــــ ـــ ـــــ ــــ ــــــ ـــ ـ ــــــ ـــ ــــ ــــــــ ـــ ــ ــــــ ـــ ــــ ـــ ــــــ ـــ ـــــــ ــــ ـــ ـــــــ ــ ــــــ ــــ ـــ ــــــ ـــ ــــــــ ــ ـــ ــــــ ـــ ـــــ ــــ ــــــ ـــ ـ ــــــ ـــ ــــ ــــــــ ـــ ــ ــــــ ـــ ــــ ـــ ــــــ ـــ ـــــــ ــــ ـــ ـــــــ ــ ــــــ ــــ ـــ ــــــ ـــ ــــــــ ــ ـــ ــــــ ـــ ـــــ ــــ ــــــ ـــ ـ ــــــ ـــ ــــ ــــــــ ـــ ــ ــــــ ـــ ــــ ـــ ــــــ ـــ
نمبر 19
JAI HIND
ـــ ــــــ ـــ ـــــــ ــــ ـــ ـــــــ ــ ــــــ ــــ ـــ ــــــ ـــ ــــــــ ــ ـــ ــــــ ـــ ـــــ ــــ ــــــ ـــ ـ ــــــ ـــ ــــ ــــــــ ـــ ــ ــــــ ـــ ــــ ـــ ــــــ ـــ ـــــــ ــــ ـــ ـــــــ ــ ــــــ ــــ ـــ ــــــ ـــ ــــــــ ــ ـــ ــــــ ـــ ـــــ ــــ ــــــ ـــ ـ ــــــ ـــ ــــ ــــــــ ـــ ــ ــــــ ـــ ــــ ـــ ــــــ ـــ ـــــــ ــــ ـــ ـــــــ ــ ــــــ ــــ ـــ ــــــ ـــ ــــــــ ــ ـــ ــــــ ـــ ـــــ ــــ ــــــ ـــ ـ ــــــ ـــ ــــ ــــــــ ـــ ــ ــــــ ـــ ــــ ـــ ــــــ ـــ ـــــــ ــــ ـــ ـــــــ ــ ــــــ ــــ ـــ ــــــ ـــ ــــــــ ــ ـــ ــــــ ـــ ـــــ ــــ ــــــ ـــ ـ ــــــ ـــ ــــ ــــــــ ـــ ــ ــــــ ـــ ــــ ـــ ــــــ ـــ ـــــــ ــــ ـــ ـــــــ ــ ــــــ ــــ ـــ ــــــ ـــ ــــــــ ــ ـــ ــــــ ـــ ـــــ ــــ ــــــ ـــ ـ ــــــ ـــ ــــ ــــــــ ـــ ــ ــــــ ـــ ــــ ـــ ــــــ ـــ ـــــــ ــــ ـــ ـــــــ ــ ــــــ ــــ ـــ ــــــ ـــ ــــــــ ــ ـــ ــــــ ـــ ـــــ ــــ ــــــ ـــ ـ ــــــ ـــ ــــ ــــــــ ـــ ــ ــــــ ـــ ــــ ـــ ــــــ ـــ ـــــــ ــــ ـــ ـــــــ ــ ــــــ ــــ ـــ ــــــ ـــ ــــــــ ــ ـــ ــــــ ـــ ـــــ ــــ ــــــ ـــ ـ ــــــ ـــ ــــ ــــــــ ـــ ــ ــــــ ـــ ــــ ـــ ــــــ ـــ ـــــــ ــــ ـــ ـــــــ ــ ــــــ ــــ ـــ ــــــ ـــ ــــــــ ــ ـــ ــــــ ـــ ـــــ ــــ
نمبر 20
فضائی سفر
ـــ ــــــ ـــ ـــــــ ــــ ـــ ـــــــ ــ ــــــ ــــ ـــ ــــــ ـــ ــــــــ ــ ـــ ــــــ ـــ ـــــ ــــ ــــــ ـــ ـ ــــــ ـــ ــــ ــــــــ ـــ ــ ــــــ ـــ ــــ ـــ ــــــ ـــ ـــــــ ــــ ـــ ـــــــ ــ ــــــ ــــ ـــ ــــــ ـــ ــــــــ ــ ـــ ــــــ ـــ ـــــ ــــ ــــــ ـــ ـ ــــــ ـــ ــــ ــــــــ ـــ ــ ــــــ ـــ ــــ ـــ ــــــ ـــ ـــــــ ــــ ـــ ـــــــ ــ ــــــ ــــ ـــ ــــــ ـــ ــــــــ ــ ـــ ــــــ ـــ ـــــ ــــ ــــــ ـــ ـ ــــــ ـــ ــــ ــــــــ ـــ ــ ــــــ ـــ ــــ ـــ ــــــ ـــ ـــــــ ــــ ـــ ـــــــ ــ ــــــ ــــ ـــ ــــــ ـــ ــــــــ ــ ـــ
نمبر 21
مذاکرات
ـــ ــــــ ـــ ـــــــ ــــ ـــ ـــــــ ــ ــــــ ــــ ـــ ــــــ ـــ ــــــــ ــ ـــ ــــــ ـــ ـــــ ــــ ــــــ ـــ ـ ــــــ ـــ ــــ ــــــــ ـــ ــ ــــــ ـــ ــــ ـــ ــــــ ـــ ـــــــ ــــ ـــ ـــــــ ــ ــــــ ــــ ـــ ــــــ ـــ ــــــــ ــ ـــ ــــــ ـــ ـــــ ــــ ــــــ ـــ ـ ــــــ ـــ ــــ ــــــــ ـــ ــ ــــــ ـــ ــــ ـــ ــــــ ـــ ـــــــ ــــ ـــ ـــــــ ــ ــــــ ــــ ـــ ــــــ ـــ ــــــــ ــ ـــ ــــــ ـــ ـــــ ــــ ــــــ ـــ ـ ــــــ ـــ ــــ ــــــــ ـــ ــ ــــــ ـــ ــــ ـــ ــــــ ـــ ـــــــ ــــ ـــ ـــــــ ــ ــــــ ــــ ـــ ــــــ ـــ ــــــــ ــ ـــ ــــــ ـــ ـــــ ــــ ــــــ ـــ ـ ــــــ ـــ ــــ ــــــــ ـــ ــ ــــــ ـــ ــــ ـــ ــــــ ـــ ـــــــ ــــ ـــ ـــــــ ــ ــــــ ــــ ـــ ــــــ ـــ ــــــــ
نمبر 22
عالمی خبریں
ـــ ــــــ ـــ ـــــــ ــــ ـــ ـــــــ ــ ــــــ ــــ
نمبر 23
سفارتی امور
ـــ ــــــ ـــ ـــــــ ــــ ـــ ـــــــ ــ ــــــ ــــ ـــ ــــــ ـــ ــــــــ ــ ـــ ــــــ ـــ ـــــ ــــ ــــــ ـــ ـ ــــــ ـــ ــــ ــــــــ ـــ ــ ــــــ ـــ ــــ ـــ ــــــ ـــ ـــــــ ــــ ـــ ـــــــ ــ ــــــ ــــ ـــ ــــــ ـــ ــــــــ ــ ـــ ــــــ ـــ ـــــ ــــ ــــــ ـــ ـ ــــــ ـــ ــــ ــــــــ ـــ ــ ــــــ ـــ ــــ ـــ ــــــ ـــ ـــــــ ــــ ـــ ـــــــ ــ ــــــ ــــ ـــ ــــــ ـــ ــــــــ ــ ـــ ــــــ ـــ ـــــ ــــ ــــــ ـــ ـ ــــــ ـــ ــــ ــــــــ ـــ ــ ــــــ ـــ ــــ ـــ ــــــ ـــ ـــــــ ــــ ـــ ـــــــ ــ ــــــ ــــ ـــ ــــــ ـــ ــــــــ ــ ـــ ــــــ ـــ ـــــ ــــ ــــــ ـــ ـ ــــــ ـــ ــــ ــــــــ ـــ ــ ــــــ ـــ ــــ ـــ ــــــ ـــ ـــــــ ــــ ـــ ـــــــ ــ ــــــ ــــ ـــ ــــــ ـــ ــــــــ ــ ـــ ــــــ ـــ ـــــ ــــ ــــــ ـــ ـ ــــــ ـــ ــــ ــــــــ ـــ ــ ــــــ ـــ ــــ ـــ ــــــ ـــ ـــــــ ــــ ـــ ـــــــ ــ ــــــ ــــ ـــ ــــــ ـــ ــــــــ ــ ـــ ــــــ ـــ ـــــ ــــ ــــــ ـــ ـ ــــــ ـــ ــــ ــــــــ ـــ ــ ــــــ ـــ ــــ ـــ ــــــ ـــ ـــــــ ــــ ـــ ـــــــ ــ ــــــ ــــ ـــ ــــــ ـــ ــــــــ ــ ـــ ــــــ ـــ ـــــ ــــ ــــــ ـــ ـ ــــــ ـــ ــــ ــــــــ ـــ ــ ــــــ ـــ ــــ ـــ ــــــ ـــ ـــــــ ــــ ـــ ـــــــ ــ ــــــ ــــ ـــ ــــــ ـــ ــــــــ ــ ـــ ــــــ ـــ ـــــ ــــ ــــــ ـــ ـ ــــــ ـــ ــــ ــــــــ ـــ ــ ــــــ ـــ ــــ ـــ ــــــ ـــ ـــــــ ــــ ـــ ـــــــ ــ ــــــ ــــ ـــ ــــــ ـــ ــــــــ ــ ـــ ــــــ ـــ ـــــ
نمبر 24
مظاہرہ
ـــ ــــــ ـــ ـــــــ ــــ ـــ ـــــــ ــ ــــــ ــــ ـــ ــــــ ـــ ــــــــ ــ ـــ ــــــ ـــ ـــــ ــــ ــــــ ـــ ـ ــــــ ـــ ــــ ــــــــ ـــ ــ ــــــ ـــ ــــ ـــ ــــــ ـــ ـــــــ ــــ ـــ ـــــــ ــ ــــــ ــــ ـــ ــــــ ـــ ــــــــ ــ ـــ ــــــ ـــ ـــــ ــــ ــــــ ـــ ـ ــــــ ـــ ــــ ــــــــ ـــ ــ ــــــ ـــ ــــ ـــ ــــــ ـــ ـــــــ ــــ ـــ ـــــــ ــ ــــــ ــــ ـــ ــــــ ـــ ــــــــ ــ ـــ ــــــ ـــ ـــــ ــــ ــــــ ـــ ـ ــــــ ـــ ــــ ــــــــ ـــ ــ ــــــ ـــ ــــ ـــ ــــــ ـــ ـــــــ ــــ ـــ ـــــــ ــ ــــــ ــــ ـــ ــــــ ـــ ــــــــ ــ ـــ ــــــ ـــ ـــــ ــــ ــــــ ـــ ـ ــــــ ـــ ــــ
نمبر 25
کراچی
ـــ ــــــ ـــ ـــــــ ــــ ـــ ـــــــ ــ ــــــ ــــ ـــ ــــــ ـــ ــــــــ ــ ـــ ــــــ ـــ ـــــ ــــ ــــــ ـــ ـ ــــــ ـــ ــــ ــــــــ ـــ ــ ــــــ ـــ ــــ ـــ ــــــ ـــ ـــــــ ــــ ـــ ـــــــ ــ ــــــ ــــ ـــ ــــــ ـــ ــــــــ ــ ـــ ــــــ ـــ ـــــ ــــ ــــــ ـــ ـ ــــــ ـــ ــــ ــــــــ ـــ ــ ــــــ ـــ ــــ ـــ ــــــ ـــ ـــــــ ــــ ـــ ـــــــ ــ ــــــ ــــ ـــ ــــــ ـــ ــــــــ ــ ـــ ــــــ ـــ ـــــ ــــ ــــــ ـــ ـ ــــــ ـــ ــــ ــــــــ ـــ ــ ــــــ ـــ ــــ ـــ ــــــ ـــ ـــــــ ــــ ـــ ـــــــ ــ ــــــ ــــ ـــ ــــــ ـــ ــــــــ ــ ـــ ــــــ ـــ ـــــ ــــ ــــــ ـــ ـ ــــــ ـــ ــــ ــــــــ ـــ ــ ــــــ ـــ ــــ ـــ ــــــ ـــ ـــــــ ــــ ـــ ـــــــ ــ ــــــ ــــ ـــ ــــــ ـــ ــــــــ ــ ـــ ــــــ ـــ ـــــ ــــ ــــــ ـــ ـ ــــــ ـــ ــــ ــــــــ ـــ ــ ــــــ ـــ ــــ ـــ ــــــ ـــ ـــــــ ــــ ـــ ـــــــ ــ ــــــ ــــ ـــ ــــــ ـــ ــــــــ ــ ـــ ــــــ ـــ ـــــ ــــ ــــــ ـــ ـ ــــــ ـــ ــــ ــــــــ ـــ ــ ــــــ ـــ ــــ ـــ ــــــ ـــ ـــــــ ــــ ـــ ـــــــ ــ ــــــ ــــ ـــ
نمبر 26
عدالت
ـــ ــــــ ـــ ـــــــ ــــ ـــ ـــــــ ــ ــــــ ــــ ـــ ــــــ ـــ ــــــــ ــ ـــ ــــــ ـــ ـــــ ــــ ــــــ ـــ ـ ــــــ ـــ ــــ ــــــــ ـــ ــ ــــــ ـــ ــــ ـــ ــــــ ـــ ـــــــ ــــ ـــ ـــــــ ــ ــــــ ــــ ـــ ــــــ ـــ ــــــــ ــ ـــ ــــــ ـــ ـــــ ــــ ــــــ ـــ ـ ــــــ ـــ ــــ ــــــــ ـــ ــ ــــــ ـــ ــــ ـــ ــــــ ـــ ـــــــ ــــ ـــ ـــــــ ــ ــــــ ــــ ـــ ــــــ ـــ ــــــــ ــ ـــ ــــــ ـــ ـــــ ــــ ــــــ ـــ ـ ــــــ ـــ ــــ ــــــــ ـــ ــ ــــــ ـــ ــــ ـــ ــــــ ـــ ـــــــ ــــ ـــ ـــــــ ــ ــــــ ــــ ـــ ــــــ ـــ ــــــــ ــ ـــ ــــــ ـــ ـــــ ــــ ــــــ ـــ ـ ــــــ ـــ ــــ ــــــــ ـــ ــ ــــــ ـــ ــــ ـــ ــــــ ـــ ـــــــ ــــ ـــ ـــــــ ــ ــــــ ــــ ـــ ــــــ ـــ ــــــــ ــ ـــ ــــــ ـــ ـــــ ــــ ــــــ ـــ ـ ــــــ ـــ ــــ ــــــــ ـــ ــ ــــــ ـــ ــــ ـــ ــــــ ـــ
نمبر 27
کمیٹی اجلاس
ـــ ــــــ ـــ ـــــــ ــــ ـــ ـــــــ ــ ــــــ ــــ ـــ ــــــ ـــ ــــــــ ــ ـــ ــــــ ـــ ـــــ ــــ ــــــ ـــ ـ ــــــ ـــ ــــ ــــــــ ـــ ــ ــــــ ـــ ــــ ـــ ــــــ ـــ ـــــــ ــــ ـــ ـــــــ ــ ــــــ ــــ ـــ ــــــ ـــ ــــــــ ــ ـــ ــــــ ـــ ـــــ ــــ ــــــ ـــ ـ ــــــ ـــ ــــ ــــــــ ـــ ــ ــــــ ـــ ــــ ـــ ــــــ ـــ ـــــــ ــــ ـــ ـــــــ ــ ــــــ ــــ ـــ ــــــ ـــ ــــــــ ــ ـــ ــــــ ـــ ـــــ ــــ ــــــ ـــ ـ ــــــ ـــ ــــ ــــــــ ـــ ــ ــــــ ـــ ــــ ـــ ــــــ ـــ ـــــــ ــــ ـــ ـــــــ ــ ــــــ ــــ ـــ ــــــ ـــ ــــــــ ــ ـــ ــــــ ـــ ـــــ ــــ ــــــ ـــ ـ ــــــ ـــ ــــ ــــــــ ـــ ــ ــــــ ـــ ــــ ـــ ــــــ ـــ ـــــــ ــــ ـــ ـــــــ ــ ــــــ ــــ ـــ ــــــ ـــ ــــــــ ــ ـــ ــــــ ـــ ـــــ ــــ ــــــ ـــ ـ ــــــ ـــ ــــ ــــــــ ـــ ــ ــــــ ـــ ــــ ـــ ــــــ ـــ ـــــــ ــــ ـــ ـــــــ ــ ــــــ ــــ ـــ ــــــ ـــ ــــــــ ــ ـــ ــــــ ـــ ـــــ ــــ ــــــ ـــ ـ ــــــ ـــ ــــ ــــــــ ـــ ــ ــــــ ـــ ــــ ـــ ــــــ ـــ ـــــــ ــــ ـــ ـــــــ ــ ــــــ ــــ ـــ ــــــ ـــ ــــــــ ــ ـــ ــــــ ـــ ـــــ ــــ ــــــ ـــ ـ ــــــ ـــ ــــ ــــــــ ـــ ــ ــــــ ـــ ــــ ـــ ــــــ ـــ ـــــــ ــــ ـــ ـــــــ ــ ــــــ ــــ ـــ ــــــ ـــ ــــــــ ــ ـــ ــــــ ـــ ـــــ ــــ ــــــ ـــ ـ ــــــ ـــ ــــ ــــــــ ـــ ــ ــــــ ـــ ــــ ـــ ــــــ ـــ ـــــــ ــــ ـــ ـــــــ ــ ــــــ ــــ ـــ ــــــ ـــ ــــــــ ــ ـــ ــــــ ـــ ـــــ ــــ ــــــ ـــ ـ ــــــ ـــ ــــ ــــــــ ـــ ــ ــــــ ـــ ــــ ـــ ــــــ ـــ ـــــــ ــــ ـــ ـــــــ ــ ــــــ ــــ ـــ ــــــ ـــ ــــــــ ــ ـــ ــــــ ـــ ـــــ ــــ ــــــ ـــ ـ ــــــ ـــ ــــ ــــــــ ـــ ــ ــــــ ـــ ــــ ـــ ــــــ ـــ ـــــــ ــــ ـــ ـــــــ ــ ــــــ ــــ ـــ ــــــ ـــ ــــــــ ــ ـــ ــــــ ـــ ـــــ ــــ ــــــ ـــ ـ ــــــ ـــ ــــ ــــــــ ـــ ــ ــــــ ـــ ــــ ـــ ــــــ ـــ ـــــــ ــــ ـــ ـــــــ ــ ــــــ ــــ ـــ ــــــ ـــ ــــــــ ــ ـــ ــــــ ـــ ـــــ ــــ ــــــ ـــ ـ ــــــ ـــ ــــ ــــــــ ـــ ــ ــــــ ـــ ــــ ـــ ــــــ ـــ ـــــــ ــــ ـــ ـــــــ ــ ــــــ ــــ ـــ ــــــ ـــ ــــــــ ــ ـــ ــــــ ـــ ـــــ ــــ ــــــ ـــ ـ ــــــ ـــ ــــ ــــــــ ـــ ــ ــــــ ـــ ــــ ـــ ــــــ ـــ ـــــــ ــــ ـــ ـــــــ ــ ــــــ ــــ ـــ ــــــ ـــ ــــــــ ــ ـــ ــــــ ـــ ـــــ ــــ ــــــ ـــ ـ ــــــ ـــ ــــ ــــــــ ـــ ــ ــــــ ـــ ــــ ـــ ــــــ ـــ ـــــــ ــــ ـــ ـــــــ ــ ــــــ ــــ ـــ ــــــ ـــ ــــــــ ــ ـــ ــــــ ـــ ـــــ ــــ ــــــ ـــ ـ ــــــ ـــ ــــ ــــــــ ـــ ــ ــــــ ـــ ــــ ـــ ــــــ ـــ ـــــــ ــــ ـــ ـــــــ ــ ــــــ ــــ ـــ ــــــ ـــ ــــــــ ــ ـــ ــــــ ـــ ـــــ ــــ ــــــ ـــ ـ ــــــ ـــ ــــ ــــــــ ـــ ــ ــــــ ـــ ــــ ـــ ــــــ ـــ ـــــــ ــــ ـــ ـــــــ ــ ــــــ ــــ ـــ ــــــ ـــ ــــــــ ــ ـــ ــــــ ـــ ـــــ ــــ ــــــ ـــ ـ ــــــ ـــ ــــ ــــــــ ـــ ــ ــــــ ـــ ــــ ـــ ــــــ ـــ ـــــــ ــــ ـــ ـــــــ ــ ــــــ ــــ ـــ ــــــ ـــ ــــــــ ــ ـــ ــــــ ـــ ـــــ ــــ ــــــ ـــ ـ ــــــ ـــ ــــ ــــــــ ـــ ــ ــــــ ـــ ــــ ـــ ــــــ ـــ ـــــــ ــــ ـــ ـــــــ ــ ــــــ ــــ ـــ ــــــ ـــ ــــــــ ــ ـــ ــــــ ـــ ـــــ ــــ ــــــ ـــ ـ ــــــ ـــ ــــ ــــــــ ـــ ــ ــــــ ـــ ــــ ـــ ــــــ ـــ ـــــــ ــــ ـــ ـــــــ ــ ــــــ ــــ ـــ ــــــ ـــ ــــــــ ــ ـــ ــــــ ـــ ـــــ ــــ ــــــ ـــ ـ ــــــ ـــ ــــ ــــــــ ـــ ــ ــــــ ـــ ــــ ـــ ــــــ ـــ ـــــــ ــــ ـــ ـــــــ ــ ــــــ ــــ ـــ ــــــ ـــ ــــــــ ــ ـــ ــــــ ـــ ـــــ ــــ ــــــ ـــ ـ ــــــ ـــ ــــ ــــــــ ـــ ــ ــــــ ـــ ــــ ـــ ــــــ ـــ ـــــــ ــــ ـــ ـــــــ ــ ــــــ ــــ ـــ ــــــ ـــ ــــــــ ــ ـــ ــــــ ـــ ـــــ ــــ ــــــ ـــ ـ ــــــ ـــ ــــ ــــــــ ـــ ــ ــــــ ـــ ــــ ـــ ــــــ ـــ ـــــــ ــــ ـــ ـــــــ ــ ــــــ ــــ ـــ ــــــ ـــ ــــــــ ــ ـــ ــــــ ـــ ـــــ ــــ ــــــ ـــ ـ ــــــ ـــ ــــ ــــــــ ـــ ــ ــــــ ـــ ــــ ـــ ــــــ ـــ ـــــــ ــــ ـــ ـــــــ ــ ــــــ ــــ ـــ ــــــ ـــ ــــــــ ــ ـــ ــــــ
ـــ ــــــ ـــ ـــــــ ــــ ـــ ـــــــ ــ ــــــ ــــ ـــ ــــــ ـــ ــــــــ ــ ـــ ــــــ ـــ ـــــ ــــ ــــــ ـــ ـ ــــــ ـــ ــــ ــــــــ ـــ ــ ــــــ ـــ ــــ ـــ ــــــ ـــ ـــــــ ــــ ـــ ـــــــ ــ ــــــ ــــ ـــ ــــــ ـــ ــــــــ ــ ـــ ــــــ ـــ ـــــ ــــ ــــــ ـــ ـ ــــــ ـــ ــــ ــــــــ ـــ ــ ــــــ ـــ ــــ ـــ ــــــ ـــ ـــــــ ــــ ـــ ـــــــ ــ ــــــ ــــ ـــ ــــــ ـــ ــــــــ ــ ـــ ــــــ ـــ ـــــ ــــ ــــــ ـــ ـ ــــــ ـــ ــــ ــــــــ ـــ ــ ــــــ ـــ ــــ ـــ ــــــ ـــ ـــــــ ــــ ـــ ـــــــ ــ ــــــ ــــ ـــ ــــــ ـــ ــــــــ ــ ـــ ــــــ ـــ ـــــ ــــ ــــــ ـــ ـ ــــــ ـــ ــــ
نمبر 28
گوادر بندرگاہ
ـــ ــــــ ـــ ـــــــ ــــ ـــ ـــــــ ــ ــــــ ــــ ـــ ــــــ ـــ ــــــــ ــ ـــ ــــــ ـــ ـــــ ــــ ــــــ ـــ ـ ــــــ ـــ ــــ ــــــــ ـــ ــ ــــــ ـــ ــــ ـــ ــــــ ـــ ـــــــ ــــ ـــ ـــــــ ــ ــــــ ــــ ـــ ــــــ ـــ ــــــــ ــ ـــ ــــــ ـــ ـــــ ــــ ــــــ ـــ ـ ــــــ ـــ ــــ ــــــــ ـــ ــ ــــــ ـــ ــــ ـــ ــــــ ـــ ـــــــ ــــ ـــ ـــــــ ــ ــــــ ــــ ـــ ــــــ ـــ ــــــــ ــ ـــ ــــــ ـــ ـــــ ــــ ــــــ ـــ ـ ــــــ ـــ ــــ ــــــــ ـــ ــ ــــــ ـــ ــــ ـــ ــــــ ـــ ـــــــ ــــ ـــ ـــــــ ــ ــــــ ــــ ـــ ــــــ ـــ ــــــــ ــ ـــ ــــــ ـــ ـــــ ــــ ــــــ ـــ ـ ــــــ ـــ ــــ ــــــــ ـــ ــ ــــــ ـــ ــــ ـــ ــــــ ـــ ـــــــ ــــ ـــ ـــــــ ــ ــــــ ــــ ـــ ــــــ ـــ ــــــــ ــ ـــ ــــــ ـــ ـــــ ــــ ــــــ ـــ ـ ــــــ ـــ ــــ ــــــــ ـــ ــ ــــــ ـــ ــــ ـــ ــــــ ـــ ـــــــ ــــ ـــ ـــــــ ــ ــــــ ــــ ـــ ــــــ ـــ ــــــــ ــ ـــ ــــــ ـــ ـــــ ــــ ــــــ ـــ ـ ــــــ ـــ ــــ ــــــــ ـــ ــ ــــــ ـــ ــــ ـــ ــــــ ـــ ـــــــ ــــ ـــ ـــــــ ــ ــــــ ــــ ـــ
نمبر 29
ترقیاتی منصوبے
ـــ ــــــ ـــ ـــــــ ــــ ـــ ـــــــ ــ ــــــ ــــ ـــ ــــــ ـــ ــــــــ ــ ـــ ــــــ ـــ ـــــ ــــ ــــــ ـــ ـ ــــــ ـــ ــــ ــــــــ ـــ ــ ــــــ ـــ ــــ ـــ ــــــ ـــ ـــــــ ــــ ـــ ـــــــ ــ ــــــ ــــ ـــ ــــــ ـــ ــــــــ ــ ـــ ــــــ ـــ ـــــ ــــ ــــــ ـــ ـ ــــــ ـــ ــــ ــــــــ ـــ ــ ــــــ ـــ ــــ ـــ ــــــ ـــ ـــــــ ــــ ـــ ـــــــ ــ ــــــ ــــ ـــ ــــــ ـــ ــــــــ ــ ـــ ــــــ ـــ ـــــ ــــ ــــــ ـــ ـ ــــــ ـــ ــــ ــــــــ ـــ ــ ــــــ ـــ ــــ ـــ ــــــ ـــ ـــــــ ــــ ـــ ـــــــ ــ ــــــ ــــ ـــ ــــــ ـــ ــــــــ ــ ـــ ــــــ ـــ ـــــ ــــ ــــــ ـــ ـ ــــــ ـــ ــــ ــــــــ ـــ ــ ــــــ ـــ ــــ ـــ ــــــ ـــ ـــــــ ــــ ـــ ـــــــ ــ ــــــ ــــ ـــ ــــــ ـــ ــــــــ ــ ـــ ــــــ ـــ ـــــ ــــ ــــــ ـــ ـ ــــــ ـــ ــــ ــــــــ ـــ ــ ــــــ ـــ ــــ ـــ ــــــ ـــ
نمبر 30
ریلوے
ـــ ــــــ ـــ ـــــــ ــــ ـــ ـــــــ ــ ــــــ ــــ ـــ ــــــ ـــ ــــــــ ــ ـــ ــــــ ـــ ـــــ ــــ ــــــ ـــ ـ ــــــ ـــ ــــ ــــــــ ـــ ــ ــــــ ـــ ــــ ـــ ــــــ ـــ ـــــــ ــــ ـــ ـــــــ ــ ــــــ ــــ ـــ ــــــ ـــ ــــــــ ــ ـــ ــــــ ـــ ـــــ ــــ ــــــ ـــ ـ ــــــ ـــ ــــ ــــــــ ـــ ــ ــــــ ـــ ــــ ـــ ــــــ ـــ ـــــــ ــــ ـــ ـــــــ ــ ــــــ ــــ ـــ ــــــ ـــ ــــــــ ــ ـــ ــــــ ـــ ـــــ ــــ ــــــ ـــ ـ ــــــ ـــ ــــ ــــــــ ـــ ــ ــــــ ـــ ــــ ـــ ــــــ ـــ ـــــــ ــــ ـــ ـــــــ ــ ــــــ ــــ ـــ ــــــ ـــ ــــــــ ــ ـــ ــــــ ـــ ـــــ ــــ ــــــ ـــ ـ ــــــ ـــ ــــ ــــــــ ـــ ــ ــــــ ـــ ــــ ـــ ــــــ ـــ ـــــــ ــــ ـــ ـــــــ ــ ــــــ ــــ ـــ ــــــ ـــ ــــــــ ــ ـــ ــــــ ـــ ـــــ ــــ ــــــ ـــ ـ ــــــ ـــ ــــ ــــــــ ـــ ــ ــــــ ـــ ــــ ـــ ــــــ ـــ ـــــــ ــــ ـــ ـــــــ ــ ــــــ ــــ ـــ ــــــ ـــ ــــــــ ــ ـــ ــــــ ـــ ـــــ ــــ ــــــ ـــ ـ ــــــ ـــ ــــ ــــــــ ـــ ــ ــــــ ـــ ــــ ـــ ــــــ ـــ ـــــــ ــــ ـــ ـــــــ ــ ــــــ ــــ ـــ ــــــ ـــ ــــــــ ــ ـــ ــــــ ـــ ـــــ ــــ ــــــ ـــ ـ ــــــ ـــ ــــ ــــــــ ـــ ــ ــــــ ـــ ــــ ـــ ــــــ ـــ ـــــــ ــــ ـــ ـــــــ ــ ــــــ ــــ ـــ ــــــ ـــ ــــــــ ــ ـــ ــــــ ـــ ـــــ ــــ
نمبر 31
صحت
ـــ ــــــ ـــ ـــــــ ــــ ـــ ـــــــ ــ ــــــ ــــ ـــ ــــــ ـــ ــــــــ ــ ـــ ــــــ ـــ ـــــ ــــ ــــــ ـــ ـ ــــــ ـــ ــــ ــــــــ ـــ ــ ــــــ ـــ ــــ ـــ ــــــ ـــ ـــــــ ــــ ـــ ـــــــ ــ ــــــ ــــ ـــ ــــــ ـــ ــــــــ ــ ـــ ــــــ ـــ ـــــ ــــ ــــــ ـــ ـ ــــــ ـــ ــــ ــــــــ ـــ ــ ــــــ ـــ ــــ ـــ ــــــ ـــ ـــــــ ــــ ـــ ـــــــ ــ ــــــ ــــ ـــ ــــــ ـــ ــــــــ ــ ـــ ــــــ ـــ ـــــ ــــ ــــــ ـــ ـ ــــــ ـــ ــــ ــــــــ ـــ ــ ــــــ ـــ ــــ ـــ ــــــ ـــ ـــــــ ــــ ـــ ـــــــ ــ ــــــ ــــ ـــ ــــــ ـــ ــــــــ ــ ـــ
نمبر 32
کاروبار
ـــ ــــــ ـــ ـــــــ ــــ ـــ ـــــــ ــ ــــــ ــــ ـــ ــــــ ـــ ــــــــ ــ ـــ ــــــ ـــ ـــــ ــــ ــــــ ـــ ـ ــــــ ـــ ــــ ــــــــ ـــ ــ ــــــ ـــ ــــ ـــ ــــــ ـــ ـــــــ ــــ ـــ ـــــــ ــ ــــــ ــــ ـــ ــــــ ـــ ــــــــ ــ ـــ ــــــ ـــ ـــــ ــــ ــــــ ـــ ـ ــــــ ـــ ــــ ــــــــ ـــ ــ ــــــ ـــ ــــ ـــ ــــــ ـــ ـــــــ ــــ ـــ ـــــــ ــ ــــــ ــــ ـــ ــــــ ـــ ــــــــ ــ ـــ ــــــ ـــ ـــــ ــــ ــــــ ـــ ـ ــــــ ـــ ــــ ــــــــ ـــ ــ ــــــ ـــ ــــ ـــ ــــــ ـــ ـــــــ ــــ ـــ ـــــــ ــ ــــــ ــــ ـــ ــــــ ـــ ــــــــ ــ ـــ ــــــ ـــ ـــــ ــــ ــــــ ـــ ـ ــــــ ـــ ــــ ــــــــ ـــ ــ ــــــ ـــ ــــ ـــ ــــــ ـــ ـــــــ ــــ ـــ ـــــــ ــ ــــــ ــــ ـــ ــــــ ـــ ــــــــ ــ ـــ ــــــ ـــ ـــــ ــــ ــــــ ـــ ـ ــــــ ـــ ــــ ــــــــ ـــ ــ ــــــ ـــ ــــ ـــ ــــــ ـــ ـــــــ ــــ ـــ ـــــــ ــ ــــــ ــــ ـــ ــــــ ـــ ــــــــ ــ ـــ ــــــ ـــ ـــــ ــــ ــــــ ـــ ـ ــــــ ـــ ــــ ــــــــ ـــ ــ ــــــ ـــ ــــ ـــ ــــــ ـــ ـــــــ ــــ ـــ ـــــــ ــ ــــــ ــــ ـــ ــــــ ـــ ــــــــ ــ ـــ ــــــ ـــ ـــــ ــــ ــــــ ـــ ـ ــــــ ـــ ــــ ــــــــ ـــ ــ ــــــ ـــ ــــ ـــ ــــــ ـــ ـــــــ ــــ ـــ ـــــــ ــ ــــــ ــــ ـــ ــــــ ـــ ــــــــ ــ ـــ ــــــ ـــ ـــــ ــــ ــــــ ـــ ـ ــــــ ـــ ــــ ــــــــ ـــ ــ ــــــ ـــ ــــ ـــ ــــــ ـــ ـــــــ ــــ ـــ ـــــــ ــ ــــــ ــــ ـــ ــــــ ـــ ــــــــ ــ ـــ ــــــ ـــ ـــــ ــــ ــــــ ـــ ـ ــــــ ـــ ــــ ــــــــ ـــ ــ ــــــ ـــ ــــ ـــ ــــــ ـــ ـــــــ ــــ ـــ ـــــــ ــ ــــــ ــــ ـــ ــــــ ـــ ــــــــ ــ ـــ ــــــ ـــ ـــــ ــــ ــــــ ـــ ـ ــــــ ـــ ــــ ــــــــ ـــ ــ ــــــ ـــ ــــ ـــ ــــــ ـــ ـــــــ ــــ ـــ ـــــــ ــ ــــــ ــــ ـــ ــــــ ـــ ــــــــ ــ ـــ ــــــ ـــ ـــــ ــــ ــــــ ـــ ـ ــــــ ـــ ــــ ــــــــ ـــ ــ ــــــ ـــ ــــ ـــ ــــــ ـــ ـــــــ ــــ ـــ ـــــــ ــ ــــــ ــــ ـــ ــــــ ـــ ــــــــ ــ ـــ ــــــ ـــ ـــــ ــــ ــــــ ـــ ـ ــــــ ـــ ــــ ــــــــ ـــ ــ ــــــ ـــ ــــ ـــ ــــــ ـــ ـــــــ ــــ ـــ ـــــــ ــ ــــــ ــــ ـــ ــــــ ـــ ــــــــ ــ ـــ ــــــ ـــ ـــــ ــــ ــــــ ـــ ـ ــــــ ـــ ــــ ــــــــ ـــ ــ ــــــ ـــ ــــ ـــ ــــــ ـــ ـــــــ ــــ ـــ ـــــــ ــ ــــــ ــــ ـــ ــــــ ـــ ــــــــ ــ ـــ ــــــ ـــ ـــــ ــــ ــــــ ـــ ـ ــــــ ـــ ــــ ــــــــ ـــ ــ ــــــ ـــ ــــ ـــ ــــــ ـــ ـــــــ ــــ ـــ ـــــــ ــ ــــــ ــــ ـــ ــــــ ـــ ــــــــ ــ ـــ ــــــ ـــ ـــــ ــــ ــــــ ـــ ـ ــــــ ـــ ــــ ــــــــ ـــ ــ ــــــ ـــ ــــ ـــ ــــــ ـــ ـــــــ ــــ ـــ ـــــــ ــ ــــــ ــــ ـــ ــــــ ـــ ــــــــ ــ ـــ ــــــ ـــ ـــــ ــــ ــــــ ـــ ـ ــــــ ـــ ــــ ــــــــ ـــ ــ ــــــ ـــ ــــ ـــ ــــــ ـــ ـــــــ ــــ ـــ ـــــــ ــ ــــــ ــــ ـــ ــــــ ـــ ــــــــ ــ ـــ ــــــ ـــ ـــــ ــــ ــــــ ـــ ـ ــــــ ـــ ــــ ــــــــ ـــ ــ ــــــ ـــ ــــ ـــ ــــــ ـــ ـــــــ ــــ ـــ ـــــــ ــ ــــــ ــــ ـــ ــــــ ـــ ــــــــ ــ ـــ ــــــ ـــ ـــــ ــــ ــــــ ـــ ـ ــــــ ـــ ــــ ــــــــ ـــ ــ ــــــ ـــ ــــ ـــ ــــــ ـــ ـــــــ ــــ ـــ ـــــــ ــ ــــــ ــــ ـــ ــــــ ـــ ــــــــ ــ ـــ ــــــ ـــ ـــــ ــــ ــــــ ـــ ـ ــــــ ـــ ــــ ــــــــ ـــ ــ ــــــ ـــ ــــ ـــ ــــــ ـــ ـــــــ ــــ ـــ ـــــــ ــ ــــــ ــــ ـــ ــــــ ـــ ــــــــ ــ ـــ ــــــ ـــ ـــــ ــــ ــــــ ـــ ـ ــــــ ـــ ــــ ــــــــ ـــ ــ ــــــ ـــ ــــ ـــ ــــــ ـــ ـــــــ ــــ ـــ ـــــــ ــ ــــــ ــــ ـــ ــــــ ـــ ــــــــ ــ ـــ ــــــ ـــ ـــــ ــــ ــــــ ـــ ـ ــــــ ـــ ــــ ــــــــ ـــ ــ ــــــ ـــ ــــ
نمبر 33
سیلاب
ـــ ــــــ ـــ ـــــــ ــــ ـــ ـــــــ ــ ــــــ ــــ ـــ ــــــ ـــ ــــــــ ــ ـــ ــــــ ـــ ـــــ ــــ ــــــ ـــ ـ ــــــ ـــ ــــ ــــــــ ـــ ــ ــــــ ـــ ــــ ـــ ــــــ ـــ ـــــــ ــــ ـــ ـــــــ ــ ــــــ ــــ ـــ ــــــ ـــ ــــــــ ــ ـــ ــــــ ـــ ـــــ ــــ ــــــ ـــ ـ ــــــ ـــ ــــ ــــــــ ـــ ــ ــــــ ـــ ــــ ـــ ــــــ ـــ ـــــــ ــــ ـــ ـــــــ ــ ــــــ ــــ ـــ ــــــ ـــ ــــــــ ــ ـــ ــــــ ـــ ـــــ ــــ ــــــ ـــ ـ ــــــ ـــ ــــ ــــــــ ـــ ــ ــــــ ـــ ــــ ـــ ــــــ ـــ ـــــــ ــــ ـــ ـــــــ ــ ــــــ ــــ ـــ ــــــ ـــ ــــــــ ــ ـــ ــــــ ـــ ـــــ ــــ ــــــ ـــ ـ ــــــ ـــ ــــ ــــــــ ـــ ــ ــــــ ـــ ــــ ـــ ــــــ ـــ ـــــــ ــــ ـــ ـــــــ ــ ــــــ ــــ ـــ ــــــ ـــ ــــــــ ــ ـــ ــــــ ـــ ـــــ ــــ ــــــ ـــ ـ ــــــ ـــ ــــ ــــــــ ـــ ــ ــــــ ـــ ــــ ـــ ــــــ ـــ ـــــــ ــــ ـــ ـــــــ ــ ــــــ ــــ ـــ ــــــ ـــ ــــــــ ــ ـــ ــــــ ـــ ـــــ ــــ ــــــ ـــ ـ ــــــ ـــ ــــ ــــــــ ـــ ــ ــــــ ـــ ــــ ـــ ــــــ ـــ ـــــــ ــــ ـــ ـــــــ ــ ــــــ ــــ ـــ
نمبر 34
تعلیم
ـــ ــــــ ـــ ـــــــ ــــ ـــ ـــــــ ــ ــــــ ــــ ـــ ــــــ ـــ ــــــــ ــ ـــ ــــــ ـــ ـــــ ــــ ــــــ ـــ ـ ــــــ ـــ ــــ ــــــــ ـــ ــ ــــــ ـــ ــــ ـــ ــــــ ـــ ـــــــ ــــ ـــ ـــــــ ــ ــــــ ــــ ـــ ــــــ ـــ ــــــــ ــ ـــ ــــــ ـــ ـــــ ــــ ــــــ ـــ ـ ــــــ ـــ ــــ ــــــــ ـــ ــ ــــــ ـــ ــــ ـــ ــــــ ـــ ـــــــ ــــ ـــ ـــــــ ــ ــــــ ــــ ـــ ــــــ ـــ ــــــــ ــ ـــ ــــــ ـــ ـــــ ــــ ــــــ ـــ ـ ــــــ ـــ ــــ ــــــــ ـــ ــ ــــــ ـــ ــــ ـــ ــــــ ـــ ـــــــ ــــ ـــ ـــــــ ــ ــــــ ــــ ـــ ــــــ ـــ ــــــــ ــ ـــ ــــــ ـــ ـــــ ــــ ــــــ ـــ ـ ــــــ ـــ ــــ ــــــــ ـــ ــ ــــــ ـــ ــــ ـــ ــــــ ـــ ـــــــ ــــ ـــ ـــــــ ــ ــــــ ــــ ـــ ــــــ ـــ ــــــــ ــ ـــ ــــــ ـــ ـــــ ــــ ــــــ ـــ ـ ــــــ ـــ ــــ ــــــــ ـــ ــ ــــــ ـــ ــــ ـــ ــــــ ـــ
نمبر 35
پاکستان
ـــ ــــــ ـــ ـــــــ ــــ ـــ ـــــــ ــ ــــــ ــــ ـــ ــــــ ـــ ــــــــ ــ ـــ ــــــ ـــ ـــــ ــــ ــــــ ـــ ـ ــــــ ـــ ــــ ــــــــ ـــ ــ ــــــ ـــ ــــ ـــ ــــــ ـــ ـــــــ ــــ ـــ ـــــــ ــ ــــــ ــــ ـــ ــــــ ـــ ــــــــ ــ ـــ ــــــ ـــ ـــــ ــــ ــــــ ـــ ـ ــــــ ـــ ــــ ــــــــ ـــ ــ ــــــ ـــ ــــ ـــ ــــــ ـــ ـــــــ ــــ ـــ ـــــــ ــ ــــــ ــــ ـــ ــــــ ـــ ــــــــ ــ ـــ ــــــ ـــ ـــــ ــــ ــــــ ـــ ـ ــــــ ـــ ــــ ــــــــ ـــ ــ ــــــ ـــ ــــ ـــ ــــــ ـــ ـــــــ ــــ ـــ ـــــــ ــ ــــــ ــــ ـــ ــــــ ـــ ــــــــ ــ ـــ ــــــ ـــ ـــــ ــــ ــــــ ـــ ـ ــــــ ـــ ــــ ــــــــ ـــ ــ ــــــ ـــ ــــ ـــ ــــــ ـــ ـــــــ ــــ ـــ ـــــــ ــ ــــــ ــــ ـــ ــــــ ـــ ــــــــ ــ ـــ ــــــ ـــ ـــــ ــــ ــــــ ـــ ـ ــــــ ـــ ــــ ــــــــ ـــ ــ ــــــ ـــ ــــ ـــ ــــــ ـــ ـــــــ ــــ ـــ ـــــــ ــ ــــــ ــــ ـــ ــــــ ـــ ــــــــ ــ ـــ ــــــ ـــ ـــــ ــــ ــــــ ـــ ـ ــــــ ـــ ــــ ــــــــ ـــ ــ ــــــ ـــ ــــ ـــ ــــــ ـــ ـــــــ ــــ ـــ ـــــــ ــ ــــــ ــــ ـــ ــــــ ـــ ــــــــ ــ ـــ ــــــ ـــ ـــــ ــــ ــــــ ـــ ـ ــــــ ـــ ــــ ــــــــ ـــ ــ ــــــ ـــ ــــ ـــ ــــــ ـــ ـــــــ ــــ ـــ ـــــــ ــ ــــــ ــــ ـــ ــــــ ـــ ــــــــ ــ ـــ ــــــ ـــ ـــــ ــــ ــــــ ـــ ـ ــــــ ـــ ــــ ــــــــ ـــ ــ ــــــ ـــ ــــ ـــ ــــــ ـــ ـــــــ ــــ ـــ ـــــــ ــ ــــــ ــــ ـــ ــــــ ـــ ــــــــ ــ ـــ ــــــ ـــ ـــــ ــــ ــــــ ـــ ـ ــــــ ـــ ــــ ــــــــ ـــ ــ ــــــ ـــ ــــ ـــ ــــــ ـــ ـــــــ ــــ ـــ ـــــــ ــ ــــــ ــــ ـــ ــــــ ـــ ــــــــ ــ ـــ ــــــ ـــ ـــــ ــــ ــــــ ـــ ـ ــــــ ـــ ــــ ــــــــ ـــ ــ ــــــ ـــ ــــ ـــ ــــــ ـــ ـــــــ ــــ ـــ ـــــــ ــ ــــــ ــــ ـــ ــــــ ـــ ــــــــ ــ ـــ ــــــ ـــ ـــــ ــــ ــــــ ـــ ـ ــــــ ـــ ــــ ــــــــ ـــ ــ ــــــ ـــ ــــ ـــ ــــــ ـــ ـــــــ ــــ ـــ ـــــــ ــ ــــــ ــــ ـــ ــــــ ـــ ــــــــ ــ ـــ ــــــ ـــ ـــــ ــــ ــــــ ـــ ـ ــــــ ـــ ــــ ــــــــ ـــ ــ ــــــ ـــ ــــ ـــ ــــــ ـــ ـــــــ ــــ ـــ ـــــــ ــ ــــــ ــــ ـــ ــــــ ـــ ــــــــ ــ ـــ ــــــ ـــ ـــــ ــــ ــــــ ـــ ـ ــــــ ـــ ــــ ــــــــ ـــ ــ ــــــ ـــ ــــ ـــ ــــــ ـــ ـــــــ ــــ ـــ ـــــــ ــ ــــــ ــــ ـــ ــــــ ـــ ــــــــ ــ ـــ ــــــ ـــ ـــــ ــــ ــــــ ـــ ـ ــــــ ـــ ــــ ــــــــ ـــ ــ ــــــ ـــ ــــ ـــ ــــــ ـــ ـــــــ ــــ ـــ ـــــــ ــ ــــــ ــــ ـــ ــــــ ـــ ــــــــ ــ ـــ ــــــ ـــ ـــــ ــــ ــــــ ـــ ـ ــــــ ـــ ــــ ــــــــ ـــ ــ ــــــ ـــ ــــ ـــ ــــــ ـــ ـــــــ ــــ ـــ ـــــــ ــ ــــــ ــــ ـــ ــــــ ـــ ــــــــ ــ ـــ ــــــ ـــ ـــــ ــــ ــــــ ـــ ـ ــــــ ـــ ــــ ــــــــ ـــ ــ ــــــ ـــ ــــ ـــ ــــــ ـــ ـــــــ ــــ ـــ ـــــــ ــ ــــــ ــــ ـــ ــــــ ـــ ــــــــ ــ ـــ ــــــ ـــ ـــــ ــــ ــــــ ـــ ـ ــــــ ـــ ــــ ــــــــ ـــ ــ ــــــ ـــ ــــ ـــ ــــــ ـــ ـــــــ ــــ ـــ ـــــــ ــ ــــــ ــــ ـــ ــــــ ـــ ــــــــ ــ ـــ ــــــ ـــ ـــــ ــــ ــــــ ـــ ـ ــــــ ـــ ــــ ــــــــ ـــ ــ ــــــ ـــ ــــ ـــ ــــــ ـــ ـــــــ ــــ ـــ ـــــــ ــ ــــــ ــــ ـــ ــــــ ـــ ــــــــ ــ ـــ ــــــ ـــ ـــــ ــــ ــــــ ـــ ـ ــــــ ـــ ــــ ــــــــ ـــ ــ ــــــ ـــ ــــ ـــ ــــــ ـــ ـــــــ ــــ ـــ ـــــــ ــ ــــــ ــــ ـــ ــــــ ـــ ــــــــ ــ ـــ ــــــ ـــ ـــــ ــــ ــــــ ـــ ـ ــــــ ـــ ــــ ــــــــ ـــ ــ ــــــ ـــ ــــ ـــ ــــــ ـــ ـــــــ ــــ ـــ ـــــــ ــ ــــــ ــــ ـــ ــــــ ـــ ــــــــ ــ ـــ ــــــ ـــ ـــــ ــــ ــــــ ـــ ـ ــــــ ـــ ــــ ــــــــ ـــ ــ ــــــ ـــ ــــ ـــ ــــــ ـــ ـــــــ ــــ ـــ ـــــــ ــ ــــــ ــــ ـــ ــــــ ـــ ــــــــ ــ ـــ ــــــ ـــ ـــــ ــــ ــــــ ـــ ـ ــــــ ـــ ــــ ــــــــ ـــ ــ ــــــ ـــ ــــ ـــ ــــــ ـــ ـــــــ ــــ ـــ ـــــــ ــ ــــــ ــــ ـــ ــــــ ـــ ــــــــ ــ ـــ ــــــ ـــ ـــــ ــــ ــــــ ـــ ـ ــــــ ـــ ــــ ــــــــ ـــ ــ ــــــ ـــ ــــ ـــ ــــــ ـــ ـــــــ ــــ ـــ ـــــــ ــ ــــــ ــــ ـــ ــــــ ـــ ــــــــ ــ ـــ ــــــ ـــ ـــــ ــــ ــــــ ـــ ـ ــــــ ـــ ــــ ــــــــ ـــ ــ ــــــ ـــ ــــ ـــ ــــــ ـــ ـــــــ ــــ ـــ ـــــــ ــ ــــــ ــــ ـــ ــــــ ـــ ــــــــ ــ ـــ ــــــ ـــ ـــــ ــــ ــــــ ـــ ـ ــــــ ـــ ــــ ــــــــ ـــ ــ ــــــ ـــ ــــ ـــ ــــــ ـــ ـــــــ ــــ ـــ ـــــــ ــ ــــــ ــــ ـــ ــــــ ـــ ــــــــ ــ ـــ ــــــ ـــ ـــــ ــــ ــــــ ـــ ـ ــــــ ـــ ــــ ــــــــ ـــ ــ ــــــ ـــ ــــ ـــ ــــــ ـــ ـــــــ ــــ ـــ ـــــــ ــ ــــــ ــــ ـــ ــــــ ـــ ــــــــ ــ ـــ ــــــ ـــ ـــــ ــــ ــــــ ـــ ـ ــــــ ـــ ــــ ــــــــ ـــ ــ ــــــ ـــ ــــ ـــ ــــــ ـــ ـــــــ ــــ ـــ ـــــــ ــ ــــــ ــــ ـــ ــــــ ـــ ــــــــ ــ ـــ ــــــ ـــ ـــــ ــــ ــــــ ـــ ـ ــــــ ـــ ــــ ــــــــ ـــ ــ ــــــ ـــ ــــ ـــ ــــــ ـــ ـــــــ ــــ ـــ ـــــــ ــ ــــــ ــــ ـــ ــــــ ـــ ــــــــ ــ ـــ ــــــ ـــ ـــــ ــــ ــــــ ـــ ـ ــــــ ـــ ــــ ــــــــ ـــ ــ ــــــ ـــ ــــ ـــ ــــــ ـــ ـــــــ ــــ ـــ ـــــــ ــ ــــــ ــــ ـــ ــــــ ـــ ــــــــ ــ ـــ ــــــ ـــ ـــــ ــــ ــــــ ـــ ـ ــــــ ـــ ــــ ــــــــ ـــ ــ ــــــ ـــ ــــ ـــ ــــــ ـــ ـــــــ ــــ ـــ ـــــــ ــ ــــــ ــــ ـــ ــــــ ـــ ــــــــ ــ ـــ ــــــ ـــ ـــــ ــــ ــــــ ـــ ـ ــــــ ـــ ــــ ــــــــ ـــ ــ ــــــ ـــ ــــ ـــ ــــــ ـــ ـــــــ ــــ ـــ ـــــــ ــ ــــــ ــــ ـــ ــــــ ـــ ــــــــ ــ ـــ ــــــ ـــ ـــــ ــــ ــــــ ـــ ـ ــــــ ـــ ــــ ــــــــ ـــ ــ ــــــ ـــ ــــ ـــ ــــــ ـــ ـــــــ ــــ ـــ ـــــــ ــ ــــــ ــــ ـــ ــــــ ـــ ــــــــ ــ ـــ ــــــ ـــ ـــــ ــــ ــــــ ـــ ـ ــــــ ـــ ــــ ــــــــ ـــ ــ ــــــ ـــ ــــ ـــ ــــــ ـــ ـــــــ ــــ ـــ ـــــــ ــ ــــــ ــــ ـــ ــــــ ـــ ــــــــ ــ ـــ ــــــ ـــ ـــــ ــــ ــــــ ـــ ـ ــــــ ـــ ــــ ــــــــ ـــ ــ ــــــ ـــ ــــ ـــ ــــــ ـــ ـــــــ ــــ ـــ ـــــــ ــ ــــــ ــــ ـــ ــــــ ـــ ــــــــ ــ ـــ ــــــ ـــ ـــــ ــــ ــــــ ـــ ـ ــــــ ـــ ــــ ــــــــ ـــ ــ ــــــ ـــ ــــ ـــ ــــــ ـــ ـــــــ ــــ ـــ ـــــــ ــ ــــــ ــــ ـــ ــــــ ـــ ــــــــ ــ ـــ ــــــ ـــ ـــــ ــــ ــــــ ـــ ـ ــــــ ـــ ــــ ــــــــ ـــ ــ ــــــ ـــ ــــ ـــ ــــــ ـــ ـــــــ ــــ ـــ ـــــــ ــ ــــــ ــــ ـــ ــــــ ـــ ــــــــ ــ ـــ ــــــ ـــ ـــــ ــــ ــــــ ـــ ـ ــــــ ـــ ــــ ــــــــ ـــ ــ ــــــ ـــ ــــ ـــ ــــــ ـــ ـــــــ ــــ ـــ ـــــــ
ـــ ــــــ ـــ ـــــــ ــــ ـــ ـــــــ ــ ــــــ ــــ ـــ ــــــ ـــ ــــــــ ــ ـــ ــــــ ـــ ـــــ ــــ ــــــ ـــ ـ ــــــ ـــ ــــ ــــــــ ـــ ــ ــــــ ـــ ــــ ـــ ــــــ ـــ ـــــــ ــــ ـــ ـــــــ ــ ــــــ ــــ ـــ ــــــ ـــ ــــــــ ــ ـــ ــــــ ـــ ـــــ ــــ ــــــ ـــ ـ ــــــ ـــ ــــ ــــــــ ـــ ــ ــــــ ـــ ــــ ـــ ــــــ ـــ ـــــــ ــــ ـــ ـــــــ ــ ــــــ ــــ ـــ ــــــ ـــ ــــــــ ــ ـــ ــــــ ـــ ـــــ ــــ ــــــ ـــ ـ ــــــ ـــ ــــ ــــــــ ـــ ــ ــــــ ـــ ــــ ـــ ــــــ ـــ ـــــــ ــــ ـــ ـــــــ ــ ــــــ ــــ ـــ ــــــ ـــ ــــــــ ــ ـــ ــــــ ـــ ـــــ ــــ ــــــ ـــ ـ ــــــ ـــ ــــ ــــــــ ـــ ــ ــــــ ـــ ــــ ـــ ــــــ ـــ ـــــــ ــــ ـــ ـــــــ ــ ــــــ ــــ ـــ ــــــ ـــ ــــــــ ــ ـــ ــــــ ـــ ـــــ ــــ ــــــ ـــ ـ ــــــ ـــ ــــ ــــــــ ـــ ــ ــــــ ـــ ــــ ـــ ــــــ ـــ ـــــــ ــــ ـــ ـــــــ ــ ــــــ ــــ ـــ ــــــ ـــ ــــــــ ــ ـــ ــــــ ـــ ـــــ ــــ ــــــ ـــ ـ ــــــ ـــ ــــ ــــــــ ـــ ــ ــــــ ـــ ــــ ـــ ــــــ ـــ ـــــــ ــــ ـــ ـــــــ ــ ــــــ ــــ ـــ ــــــ ـــ ــــــــ ــ ـــ ــــــ ـــ ـــــ ــــ ــــــ ـــ ـ ــــــ ـــ ــــ ــــــــ ـــ ــ ــــــ ـــ ــــ ـــ ــــــ ـــ ـــــــ ــــ ـــ ـــــــ ــ ــــــ ــــ ـــ ــــــ ـــ ــــــــ ــ ـــ ــــــ ـــ ـــــ ــــ ــــــ ـــ ـ ــــــ ـــ ــــ ــــــــ ـــ ــ ــــــ ـــ ــــ ـــ ــــــ ـــ ـــــــ ــــ ـــ ـــــــ ــ ــــــ ــــ ـــ ــــــ ـــ ــــــــ ــ ـــ ــــــ ـــ ـــــ ــــ ــــــ ـــ ـ ــــــ ـــ ــــ ــــــــ ـــ ــ ــــــ ـــ ــــ ـــ ــــــ ـــ ـــــــ ــــ ـــ ـــــــ ــ ــــــ ــــ ـــ ــــــ ـــ ــــــــ ــ ـــ ــــــ ـــ ـــــ ــــ ــــــ ـــ ـ ــــــ ـــ ــــ ــــــــ ـــ ــ ــــــ ـــ ــــ ـــ ــــــ ـــ ـــــــ ــــ ـــ ـــــــ ــ ــــــ ــــ ـــ ــــــ ـــ ــــــــ ــ ـــ ــــــ ـــ ـــــ ــــ ــــــ ـــ ـ ــــــ ـــ ــــ ــــــــ ـــ ــ ــــــ ـــ ــــ ـــ ــــــ ـــ ـــــــ ــــ ـــ ـــــــ ــ ــــــ ــــ ـــ ــــــ ـــ ــــــــ ــ ـــ ــــــ ـــ ـــــ ــــ ــــــ ـــ ـ ــــــ ـــ ــــ ــــــــ ـــ ــ ــــــ ـــ ــــ ـــ ــــــ ـــ ـــــــ ــــ ـــ ـــــــ ــ ــــــ ــــ ـــ ــــــ ـــ ــــــــ ــ ـــ ــــــ ـــ ـــــ ــــ ــــــ ـــ ـ ــــــ ـــ ــــ ــــــــ ـــ ــ ــــــ ـــ ــــ ـــ ــــــ ـــ ـــــــ ــــ ـــ ـــــــ ــ ــــــ ــــ ـــ ــــــ ـــ ــــــــ ــ ـــ ــــــ ـــ ـــــ ــــ ــــــ ـــ ـ ــــــ ـــ ــــ ــــــــ ـــ ــ ــــــ ـــ ــــ ـــ ــــــ ـــ ـــــــ ــــ ـــ ـــــــ ــ ــــــ ــــ ـــ ــــــ ـــ ــــــــ ــ ـــ ــــــ ـــ ـــــ ــــ ــــــ ـــ ـ ــــــ ـــ ــــ ــــــــ ـــ ــ ــــــ ـــ ــــ ـــ ــــــ ـــ ـــــــ ــــ ـــ ـــــــ ــ ــــــ ــــ ـــ ــــــ ـــ ــــــــ ــ ـــ ــــــ ـــ ـــــ ــــ ــــــ ـــ ـ ــــــ ـــ ــــ ــــــــ ـــ ــ ــــــ ـــ ــــ ـــ ــــــ ـــ ـــــــ ــــ ـــ ـــــــ ــ ــــــ ــــ ـــ ــــــ ـــ ــــــــ ــ ـــ ــــــ ـــ ـــــ ــــ ــــــ ـــ ـ ــــــ ـــ ــــ ــــــــ ـــ ــ ــــــ ـــ ــــ ـــ ــــــ ـــ ـــــــ ــــ ـــ ـــــــ ــ ــــــ ــــ ـــ ــــــ ـــ ــــــــ ــ ـــ ــــــ ـــ ـــــ ــــ ــــــ ـــ ـ ــــــ ـــ ــــ ــــــــ ـــ ــ ــــــ ـــ ــــ ـــ ــــــ ـــ ـــــــ ــــ ـــ ـــــــ ــ ــــــ ــــ ـــ ــــــ ـــ ــــــــ ــ ـــ ــــــ ـــ ـــــ ــــ ــــــ ـــ ـ ــــــ ـــ ــــ ــــــــ ـــ ــ ــــــ ـــ ــــ ـــ ــــــ ـــ ـــــــ ــــ ـــ ـــــــ ــ ــــــ ــــ ـــ ــــــ ـــ ــــــــ ــ ـــ ــــــ ـــ ـــــ ــــ ــــــ ـــ ـ ــــــ ـــ ــــ ــــــــ ـــ ــ ــــــ ـــ ــــ ـــ ــــــ ـــ ـــــــ ــــ ـــ ـــــــ ــ ــــــ ــــ ـــ ــــــ ـــ ــــــــ ــ ـــ ــــــ ـــ ـــــ ــــ ــــــ ـــ ـ ــــــ ـــ ــــ ــــــــ ـــ ــ ــــــ ـــ ــــ ـــ ــــــ ـــ ـــــــ ــــ ـــ ـــــــ ــ ــــــ ــــ ـــ ــــــ ـــ ــــــــ ــ ـــ ــــــ ـــ ـــــ ــــ ــــــ ـــ ـ ــــــ ـــ ــــ ــــــــ ـــ ــ ــــــ ـــ ــــ ـــ ــــــ ـــ ـــــــ ــــ ـــ ـــــــ ــ ــــــ ــــ ـــ ــــــ ـــ ــــــــ ــ ـــ ــــــ ـــ ـــــ ــــ ــــــ ـــ ـ ــــــ ـــ ــــ ــــــــ ـــ ــ ــــــ ـــ ــــ ـــ ــــــ ـــ ـــــــ ــــ ـــ ـــــــ ــ ــــــ ــــ ـــ ــــــ ـــ ــــــــ ــ ـــ ــــــ ـــ ـــــ ــــ ــــــ ـــ ـ ــــــ ـــ ــــ ــــــــ ـــ ــ ــــــ ـــ ــــ ـــ ــــــ ـــ ـــــــ ــــ ـــ ـــــــ ــ ــــــ ــــ ـــ ــــــ ـــ ــــــــ ــ ـــ ــــــ ـــ ـــــ ــــ ــــــ ـــ ـ ــــــ ـــ ــــ ــــــــ ـــ ــ ــــــ ـــ ــــ ـــ ــــــ ـــ ـــــــ ــــ ـــ ـــــــ ــ ــــــ ــــ ـــ ــــــ ـــ ــــــــ ــ ـــ ــــــ ـــ ـــــ ــــ ــــــ ـــ ـ ــــــ ـــ ــــ ــــــــ ـــ ــ ــــــ ـــ ــــ ـــ ــــــ ـــ ـــــــ ــــ ـــ ـــــــ ــ ــــــ ــــ ـــ ــــــ ـــ ــــــــ ــ ـــ ــــــ ـــ ـــــ ــــ ــــــ ـــ ـ ــــــ ـــ ــــ ــــــــ ـــ ــ ــــــ ـــ ــــ ـــ ــــــ ـــ ـــــــ ــــ ـــ ـــــــ ــ ــــــ ــــ ـــ ــــــ ـــ ــــــــ ــ ـــ ــــــ ـــ ـــــ ــــ ــــــ ـــ ـ ــــــ ـــ ــــ ــــــــ ـــ ــ ــــــ ـــ ــــ ـــ ــــــ ـــ ـــــــ ــــ ـــ ـــــــ ــ ــــــ ــــ ـــ ــــــ ـــ ــــــــ ــ ـــ ــــــ ـــ ـــــ ــــ ــــــ ـــ ـ ــــــ ـــ ــــ ــــــــ ـــ ــ ــــــ ـــ ــــ ـــ ــــــ ـــ ـــــــ ــــ ـــ ـــــــ ــ ــــــ ــــ ـــ ــــــ ـــ ــــــــ ــ ـــ ــــــ ـــ ـــــ ــــ ــــــ ـــ ـ ــــــ ـــ ــــ ــــــــ ـــ ــ ــــــ ـــ ــــ ـــ ــــــ ـــ ـــــــ ــــ ـــ ـــــــ ــ ــــــ ــــ ـــ ــــــ ـــ ــــــــ ــ ـــ ــــــ ـــ ـــــ ــــ ــــــ ـــ ـ ــــــ ـــ ــــ ــــــــ ـــ ــ ــــــ ـــ ــــ ـــ ــــــ ـــ ـــــــ ــــ ـــ ـــــــ ــ ــــــ ــــ ـــ ــــــ ـــ ــــــــ ــ ـــ ــــــ ـــ ـــــ ــــ ــــــ ـــ ـ ــــــ ـــ ــــ ــــــــ ـــ ــ ــــــ ـــ ــــ ـــ ــــــ ـــ ـــــــ ــــ ـــ ـــــــ ــ ــــــ ــــ ـــ ــــــ ـــ ــــــــ ــ ـــ ــــــ ـــ ـــــ ــــ ــــــ ـــ ـ ــــــ ـــ ــــ ــــــــ ـــ ــ ــــــ ـــ ــــ ـــ ــــــ ـــ ـــــــ ــــ ـــ ـــــــ ــ ــــــ ــــ ـــ ــــــ ـــ ــــــــ ــ ـــ ــــــ ـــ ـــــ ــــ ــــــ ـــ ـ ــــــ ـــ ــــ ــــــــ ـــ ــ ــــــ ـــ ــــ ـــ ــــــ ـــ ـــــــ ــــ ـــ ـــــــ ــ ــــــ ــــ ـــ ــــــ ـــ ــــــــ ــ ـــ ــــــ ـــ ـــــ ــــ ــــــ ـــ ـ ــــــ ـــ ــــ ــــــــ ـــ ــ ــــــ ـــ ــــ ـــ ــــــ ـــ ـــــــ ــــ ـــ ـــــــ ــ ــــــ ــــ ـــ ــــــ ـــ ــــــــ ــ ـــ ــــــ ـــ ـــــ ــــ ــــــ ـــ ـ ــــــ ـــ ــــ ــــــــ ـــ ــ ــــــ ـــ ــــ ـــ ــــــ ـــ ـــــــ ــــ ـــ ـــــــ ــ ــــــ ــــ ـــ ــــــ ـــ ــــــــ ــ ـــ ــــــ ـــ ـــــ ــــ ــــــ ـــ ـ ــــــ ـــ ــــ ــــــــ ـــ ــ ــــــ ـــ ــــ ـــ ــــــ ـــ ـــــــ ــــ ـــ ـــــــ ــ ــــــ ــــ ـــ ــــــ ـــ ــــــــ ــ ـــ ــــــ ـــ ـــــ ــــ ــــــ ـــ ـ ــــــ ـــ ــــ ــــــــ ـــ ــ ــــــ ـــ ــــ ـــ ــــــ ـــ ـــــــ ــــ ـــ ـــــــ ــ ــــــ ــــ ـــ ــــــ ـــ ــــــــ ــ ـــ ــــــ ـــ ـــــ ــــ ــــــ ـــ ـ ــــــ ـــ ــــ ــــــــ ـــ ــ ــــــ ـــ ــــ ـــ ــــــ ـــ ـــــــ ــــ ـــ ـــــــ ــ ــــــ ــــ ـــ ــــــ ـــ ــــــــ ــ ـــ ــــــ ـــ ـــــ ــــ ــــــ ـــ ـ ــــــ ـــ ــــ ــــــــ ـــ ــ ــــــ ـــ ــــ ـــ ــــــ ـــ ـــــــ ــــ ـــ ـــــــ ــ ــــــ ــــ ـــ ــــــ ـــ ــــــــ ــ ـــ ــــــ ـــ ـــــ ــــ ــــــ ـــ ـ ــــــ ـــ ــــ ــــــــ ـــ ــ ــــــ ـــ ــــ ـــ ــــــ ـــ ـــــــ ــــ ـــ ـــــــ ــ ــــــ ــــ ـــ ــــــ ـــ ــــــــ ــ ـــ ــــــ ـــ ـــــ ــــ ــــــ ـــ ـ ــــــ ـــ ــــ ــــــــ ـــ ــ ــــــ ـــ ــــ ـــ ــــــ ـــ ـــــــ ــــ ـــ ـــــــ ــ ــــــ ــــ ـــ ــــــ ـــ ــــــــ ــ ـــ ــــــ ـــ ـــــ ــــ ــــــ ـــ ـ ــــــ ـــ ــــ ــــــــ ـــ ــ ــــــ ـــ ــــ ـــ ــــــ ـــ ـــــــ ــــ ـــ ـــــــ ــ ــــــ ــــ ـــ ــــــ ـــ ــــــــ ــ ـــ ــــــ ـــ ـــــ ــــ ــــــ ـــ ـ ــــــ ـــ ــــ ــــــــ ـــ ــ ــــــ ـــ ــــ ـــ ــــــ ـــ ـــــــ
